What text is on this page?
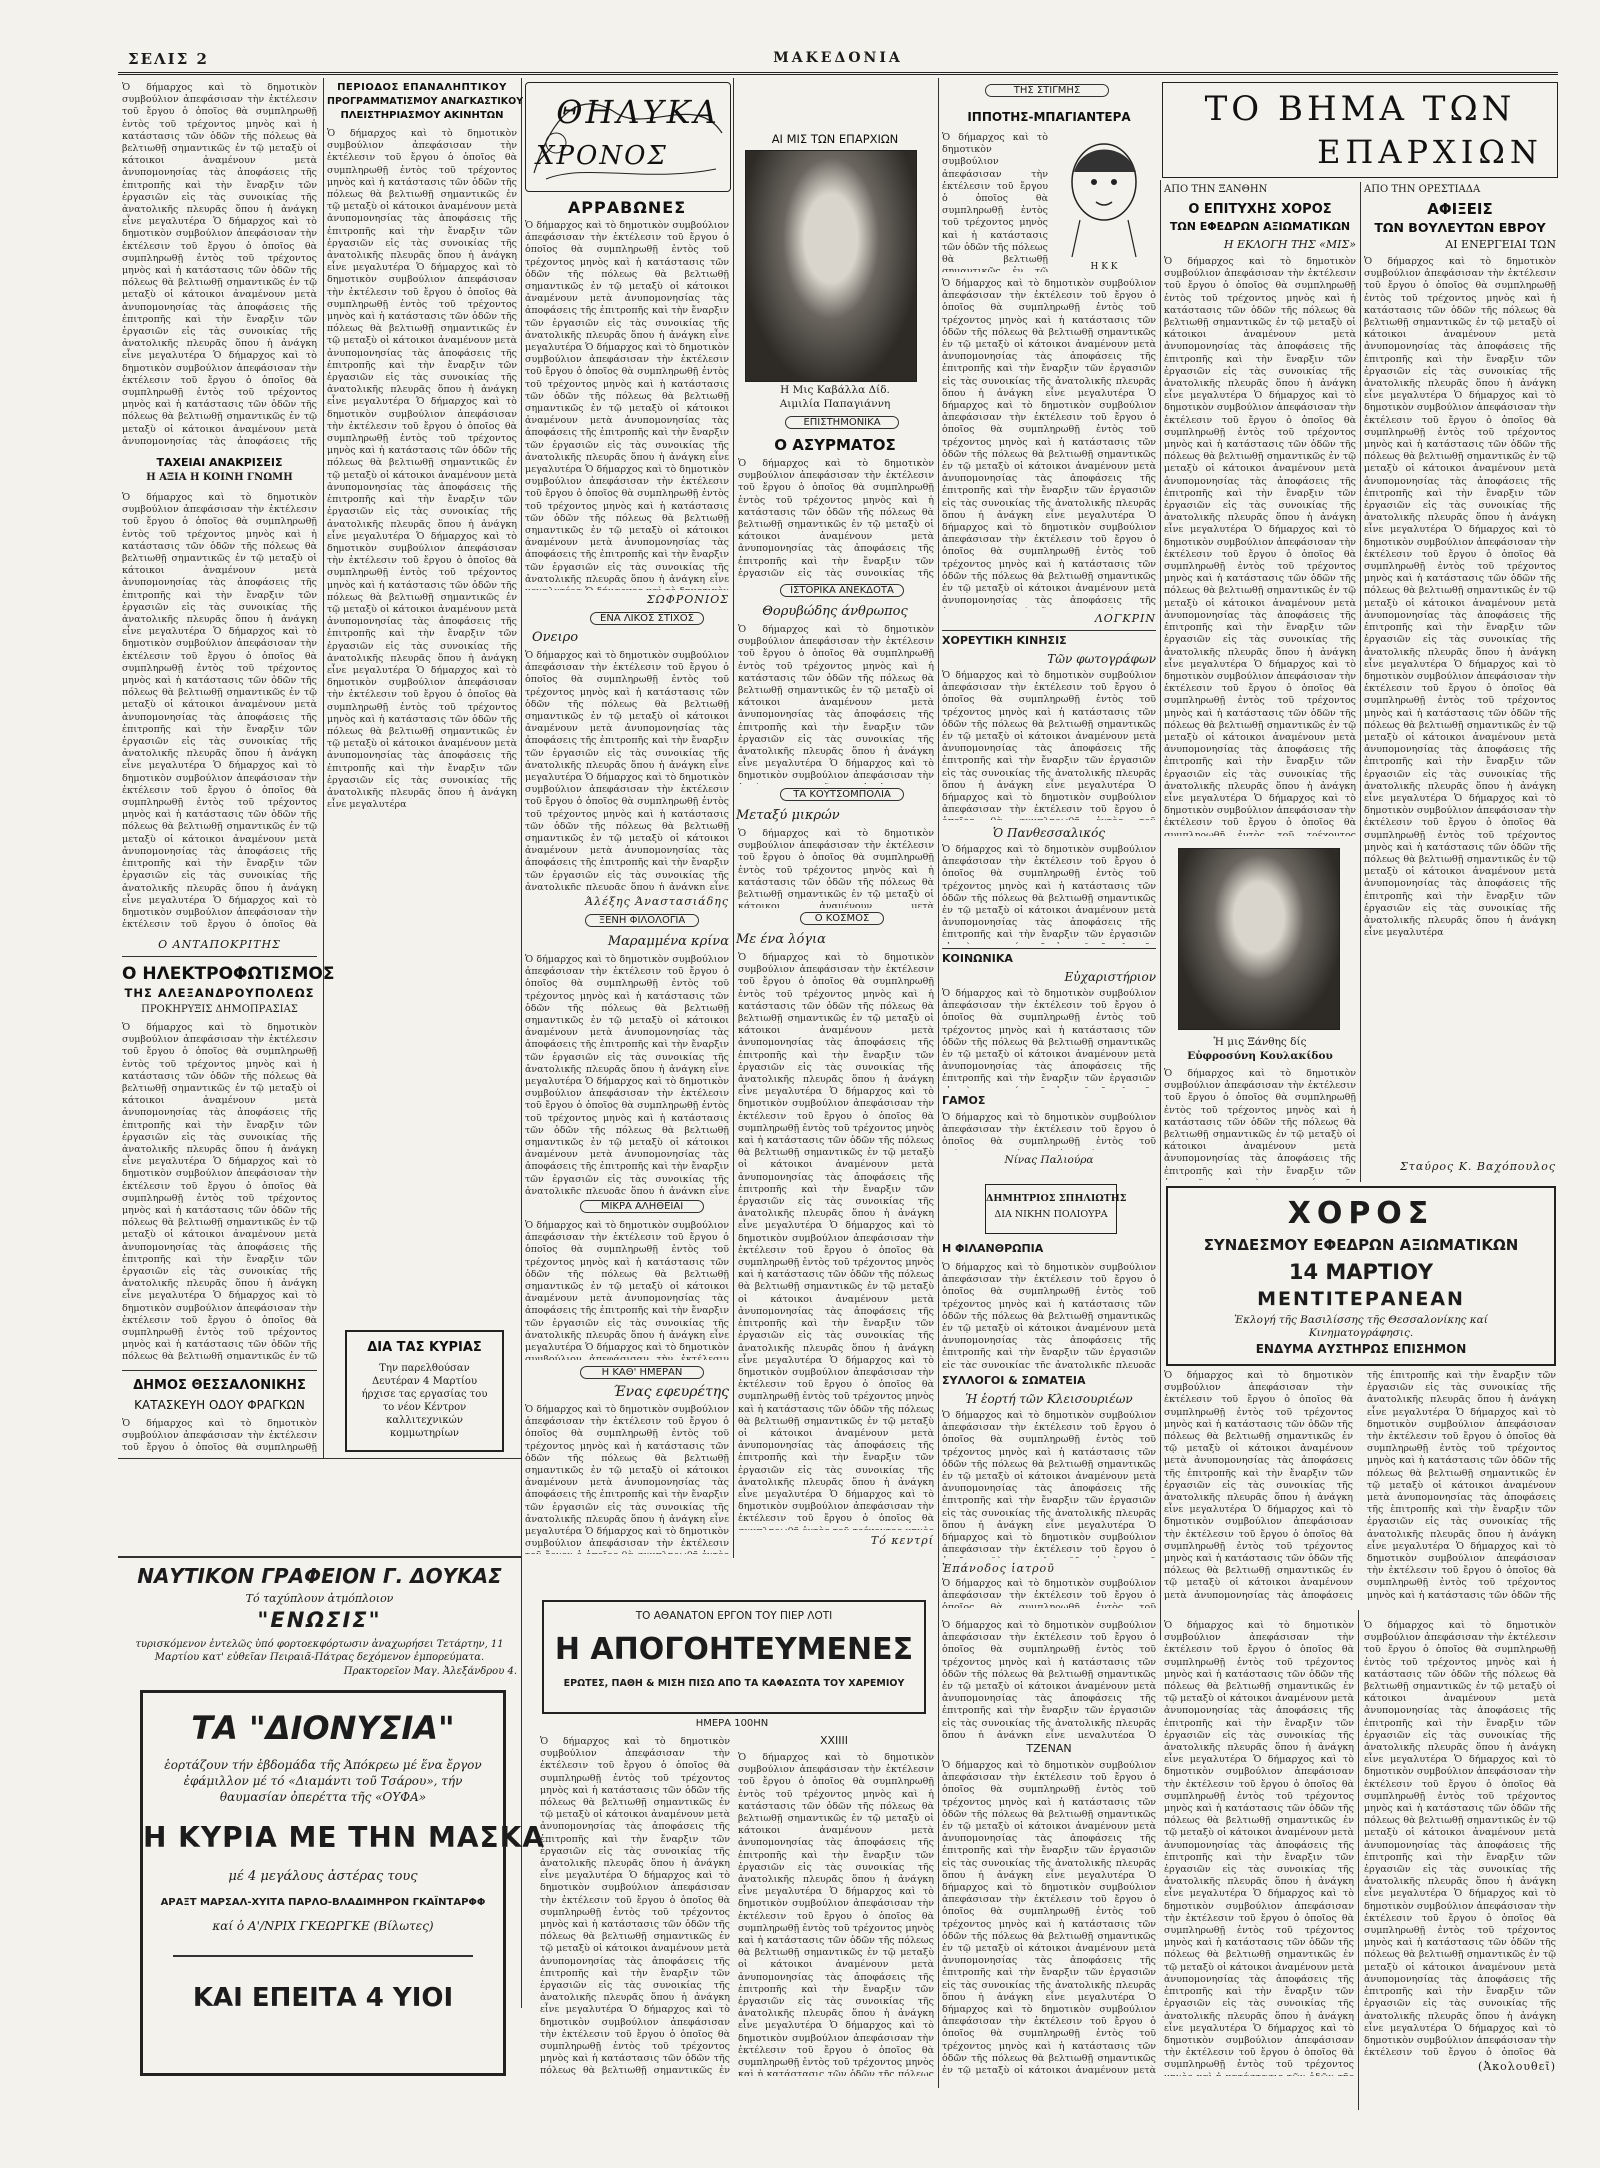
ΣΕΛΙΣ 2	ΜΑΚΕΔΟΝΙΑ
Ὁ δήμαρχος καὶ τὸ δημοτικὸν συμβούλιον ἀπεφάσισαν τὴν ἐκτέλεσιν τοῦ ἔργου ὁ ὁποῖος θὰ συμπληρωθῇ ἐντὸς τοῦ τρέχοντος μηνὸς καὶ ἡ κατάστασις τῶν ὁδῶν τῆς πόλεως θὰ βελτιωθῇ σημαντικῶς ἐν τῷ μεταξὺ οἱ κάτοικοι ἀναμένουν μετὰ ἀνυπομονησίας τὰς ἀποφάσεις τῆς ἐπιτροπῆς καὶ τὴν ἔναρξιν τῶν ἐργασιῶν εἰς τὰς συνοικίας τῆς ἀνατολικῆς πλευρᾶς ὅπου ἡ ἀνάγκη εἶνε μεγαλυτέρα Ὁ δήμαρχος καὶ τὸ δημοτικὸν συμβούλιον ἀπεφάσισαν τὴν ἐκτέλεσιν τοῦ ἔργου ὁ ὁποῖος θὰ συμπληρωθῇ ἐντὸς τοῦ τρέχοντος μηνὸς καὶ ἡ κατάστασις τῶν ὁδῶν τῆς πόλεως θὰ βελτιωθῇ σημαντικῶς ἐν τῷ μεταξὺ οἱ κάτοικοι ἀναμένουν μετὰ ἀνυπομονησίας τὰς ἀποφάσεις τῆς ἐπιτροπῆς καὶ τὴν ἔναρξιν τῶν ἐργασιῶν εἰς τὰς συνοικίας τῆς ἀνατολικῆς πλευρᾶς ὅπου ἡ ἀνάγκη εἶνε μεγαλυτέρα Ὁ δήμαρχος καὶ τὸ δημοτικὸν συμβούλιον ἀπεφάσισαν τὴν ἐκτέλεσιν τοῦ ἔργου ὁ ὁποῖος θὰ συμπληρωθῇ ἐντὸς τοῦ τρέχοντος μηνὸς καὶ ἡ κατάστασις τῶν ὁδῶν τῆς πόλεως θὰ βελτιωθῇ σημαντικῶς ἐν τῷ μεταξὺ οἱ κάτοικοι ἀναμένουν μετὰ ἀνυπομονησίας τὰς ἀποφάσεις τῆς ἐπιτροπῆς καὶ τὴν ἔναρξιν τῶν ἐργασιῶν εἰς τὰς συνοικίας τῆς ἀνατολικῆς πλευρᾶς ὅπου ἡ ἀνάγκη εἶνε μεγαλυτέρα Ὁ δήμαρχος καὶ τὸ δημοτικὸν συμβούλιον ἀπεφάσισαν τὴν ἐκτέλεσιν τοῦ ἔργου ὁ ὁποῖος θὰ συμπληρωθῇ ἐντὸς τοῦ τρέχοντος μηνὸς καὶ ἡ κατάστασις τῶν ὁδῶν τῆς πόλεως θὰ βελτιωθῇ σημαντικῶς ἐν τῷ μεταξὺ οἱ κάτοικοι ἀναμένουν μετὰ ἀνυπομονησίας τὰς ἀποφάσεις τῆς ἐπιτροπῆς καὶ τὴν ἔναρξιν τῶν ἐργασιῶν εἰς τὰς συνοικίας τῆς ἀνατολικῆς πλευρᾶς ὅπου ἡ ἀνάγκη εἶνε μεγαλυτέρα Ὁ δήμαρχος καὶ τὸ δημοτικὸν συμβούλιον ἀπεφάσισαν τὴν ἐκτέλεσιν τοῦ ἔργου ὁ ὁποῖος θὰ συμπληρωθῇ ἐντὸς τοῦ τρέχοντος μηνὸς καὶ ἡ κατάστασις τῶν ὁδῶν τῆς πόλεως θὰ βελτιωθῇ σημαντικῶς ἐν τῷ μεταξὺ οἱ κάτοικοι ἀναμένουν μετὰ ἀνυπομονησίας τὰς ἀποφάσεις τῆς ἐπιτροπῆς καὶ τὴν ἔναρξιν τῶν ἐργασιῶν εἰς τὰς συνοικίας τῆς ἀνατολικῆς πλευρᾶς ὅπου ἡ ἀνάγκη εἶνε μεγαλυτέρα
ΤΑΧΕΙΑΙ ΑΝΑΚΡΙΣΕΙΣ
Η ΑΞΙΑ Η ΚΟΙΝΗ ΓΝΩΜΗ
Ὁ δήμαρχος καὶ τὸ δημοτικὸν συμβούλιον ἀπεφάσισαν τὴν ἐκτέλεσιν τοῦ ἔργου ὁ ὁποῖος θὰ συμπληρωθῇ ἐντὸς τοῦ τρέχοντος μηνὸς καὶ ἡ κατάστασις τῶν ὁδῶν τῆς πόλεως θὰ βελτιωθῇ σημαντικῶς ἐν τῷ μεταξὺ οἱ κάτοικοι ἀναμένουν μετὰ ἀνυπομονησίας τὰς ἀποφάσεις τῆς ἐπιτροπῆς καὶ τὴν ἔναρξιν τῶν ἐργασιῶν εἰς τὰς συνοικίας τῆς ἀνατολικῆς πλευρᾶς ὅπου ἡ ἀνάγκη εἶνε μεγαλυτέρα Ὁ δήμαρχος καὶ τὸ δημοτικὸν συμβούλιον ἀπεφάσισαν τὴν ἐκτέλεσιν τοῦ ἔργου ὁ ὁποῖος θὰ συμπληρωθῇ ἐντὸς τοῦ τρέχοντος μηνὸς καὶ ἡ κατάστασις τῶν ὁδῶν τῆς πόλεως θὰ βελτιωθῇ σημαντικῶς ἐν τῷ μεταξὺ οἱ κάτοικοι ἀναμένουν μετὰ ἀνυπομονησίας τὰς ἀποφάσεις τῆς ἐπιτροπῆς καὶ τὴν ἔναρξιν τῶν ἐργασιῶν εἰς τὰς συνοικίας τῆς ἀνατολικῆς πλευρᾶς ὅπου ἡ ἀνάγκη εἶνε μεγαλυτέρα Ὁ δήμαρχος καὶ τὸ δημοτικὸν συμβούλιον ἀπεφάσισαν τὴν ἐκτέλεσιν τοῦ ἔργου ὁ ὁποῖος θὰ συμπληρωθῇ ἐντὸς τοῦ τρέχοντος μηνὸς καὶ ἡ κατάστασις τῶν ὁδῶν τῆς πόλεως θὰ βελτιωθῇ σημαντικῶς ἐν τῷ μεταξὺ οἱ κάτοικοι ἀναμένουν μετὰ ἀνυπομονησίας τὰς ἀποφάσεις τῆς ἐπιτροπῆς καὶ τὴν ἔναρξιν τῶν ἐργασιῶν εἰς τὰς συνοικίας τῆς ἀνατολικῆς πλευρᾶς ὅπου ἡ ἀνάγκη εἶνε μεγαλυτέρα Ὁ δήμαρχος καὶ τὸ δημοτικὸν συμβούλιον ἀπεφάσισαν τὴν ἐκτέλεσιν τοῦ ἔργου ὁ ὁποῖος θὰ συμπληρωθῇ ἐντὸς τοῦ τρέχοντος μηνὸς καὶ ἡ κατάστασις τῶν ὁδῶν τῆς πόλεως θὰ βελτιωθῇ σημαντικῶς ἐν τῷ μεταξὺ οἱ κάτοικοι ἀναμένουν μετὰ ἀνυπομονησίας τὰς ἀποφάσεις τῆς ἐπιτροπῆς καὶ τὴν ἔναρξιν τῶν ἐργασιῶν εἰς τὰς συνοικίας τῆς ἀνατολικῆς πλευρᾶς ὅπου ἡ ἀνάγκη εἶνε μεγαλυτέρα Ὁ δήμαρχος καὶ τὸ δημοτικὸν συμβούλιον ἀπεφάσισαν τὴν ἐκτέλεσιν τοῦ ἔργου ὁ ὁποῖος θὰ συμπληρωθῇ ἐντὸς τοῦ τρέχοντος μηνὸς καὶ ἡ κατάστασις τῶν ὁδῶν τῆς πόλεως θὰ βελτιωθῇ σημαντικῶς ἐν τῷ μεταξὺ οἱ κάτοικοι ἀναμένουν μετὰ ἀνυπομονησίας τὰς ἀποφάσεις τῆς ἐπιτροπῆς καὶ τὴν ἔναρξιν τῶν ἐργασιῶν εἰς τὰς συνοικίας τῆς ἀνατολικῆς πλευρᾶς ὅπου ἡ ἀνάγκη εἶνε μεγαλυτέρα
Ο ΑΝΤΑΠΟΚΡΙΤΗΣ
Ο ΗΛΕΚΤΡΟΦΩΤΙΣΜΟΣ
ΤΗΣ ΑΛΕΞΑΝΔΡΟΥΠΟΛΕΩΣ
ΠΡΟΚΗΡΥΞΙΣ ΔΗΜΟΠΡΑΣΙΑΣ
Ὁ δήμαρχος καὶ τὸ δημοτικὸν συμβούλιον ἀπεφάσισαν τὴν ἐκτέλεσιν τοῦ ἔργου ὁ ὁποῖος θὰ συμπληρωθῇ ἐντὸς τοῦ τρέχοντος μηνὸς καὶ ἡ κατάστασις τῶν ὁδῶν τῆς πόλεως θὰ βελτιωθῇ σημαντικῶς ἐν τῷ μεταξὺ οἱ κάτοικοι ἀναμένουν μετὰ ἀνυπομονησίας τὰς ἀποφάσεις τῆς ἐπιτροπῆς καὶ τὴν ἔναρξιν τῶν ἐργασιῶν εἰς τὰς συνοικίας τῆς ἀνατολικῆς πλευρᾶς ὅπου ἡ ἀνάγκη εἶνε μεγαλυτέρα Ὁ δήμαρχος καὶ τὸ δημοτικὸν συμβούλιον ἀπεφάσισαν τὴν ἐκτέλεσιν τοῦ ἔργου ὁ ὁποῖος θὰ συμπληρωθῇ ἐντὸς τοῦ τρέχοντος μηνὸς καὶ ἡ κατάστασις τῶν ὁδῶν τῆς πόλεως θὰ βελτιωθῇ σημαντικῶς ἐν τῷ μεταξὺ οἱ κάτοικοι ἀναμένουν μετὰ ἀνυπομονησίας τὰς ἀποφάσεις τῆς ἐπιτροπῆς καὶ τὴν ἔναρξιν τῶν ἐργασιῶν εἰς τὰς συνοικίας τῆς ἀνατολικῆς πλευρᾶς ὅπου ἡ ἀνάγκη εἶνε μεγαλυτέρα Ὁ δήμαρχος καὶ τὸ δημοτικὸν συμβούλιον ἀπεφάσισαν τὴν ἐκτέλεσιν τοῦ ἔργου ὁ ὁποῖος θὰ συμπληρωθῇ ἐντὸς τοῦ τρέχοντος μηνὸς καὶ ἡ κατάστασις τῶν ὁδῶν τῆς πόλεως θὰ βελτιωθῇ σημαντικῶς ἐν τῷ μεταξὺ οἱ κάτοικοι ἀναμένουν μετὰ ἀνυπομονησίας τὰς ἀποφάσεις τῆς ἐπιτροπῆς καὶ τὴν ἔναρξιν τῶν ἐργασιῶν εἰς τὰς συνοικίας τῆς ἀνατολικῆς πλευρᾶς ὅπου ἡ ἀνάγκη εἶνε μεγαλυτέρα Ὁ δήμαρχος καὶ τὸ δημοτικὸν συμβούλιον ἀπεφάσισαν τὴν ἐκτέλεσιν τοῦ ἔργου ὁ ὁποῖος θὰ συμπληρωθῇ ἐντὸς τοῦ τρέχοντος μηνὸς καὶ ἡ κατάστασις τῶν ὁδῶν τῆς πόλεως θὰ βελτιωθῇ σημαντικῶς ἐν τῷ μεταξὺ οἱ κάτοικοι ἀναμένουν μετὰ ἀνυπομονησίας τὰς ἀποφάσεις τῆς ἐπιτροπῆς καὶ τὴν ἔναρξιν τῶν ἐργασιῶν εἰς τὰς συνοικίας τῆς ἀνατολικῆς πλευρᾶς ὅπου ἡ ἀνάγκη εἶνε μεγαλυτέρα Ὁ δήμαρχος καὶ τὸ δημοτικὸν συμβούλιον ἀπεφάσισαν τὴν ἐκτέλεσιν τοῦ ἔργου ὁ ὁποῖος θὰ συμπληρωθῇ ἐντὸς τοῦ τρέχοντος μηνὸς καὶ ἡ κατάστασις τῶν ὁδῶν τῆς πόλεως θὰ βελτιωθῇ σημαντικῶς ἐν τῷ μεταξὺ οἱ κάτοικοι ἀναμένουν μετὰ ἀνυπομονησίας τὰς ἀποφάσεις τῆς ἐπιτροπῆς καὶ τὴν ἔναρξιν τῶν ἐργασιῶν εἰς τὰς συνοικίας τῆς ἀνατολικῆς πλευρᾶς ὅπου ἡ ἀνάγκη εἶνε μεγαλυτέρα
ΔΗΜΟΣ ΘΕΣΣΑΛΟΝΙΚΗΣ
ΚΑΤΑΣΚΕΥΗ ΟΔΟΥ ΦΡΑΓΚΩΝ
Ὁ δήμαρχος καὶ τὸ δημοτικὸν συμβούλιον ἀπεφάσισαν τὴν ἐκτέλεσιν τοῦ ἔργου ὁ ὁποῖος θὰ συμπληρωθῇ ἐντὸς τοῦ τρέχοντος μηνὸς καὶ ἡ κατάστασις τῶν ὁδῶν τῆς πόλεως θὰ βελτιωθῇ σημαντικῶς ἐν τῷ μεταξὺ οἱ κάτοικοι ἀναμένουν μετὰ ἀνυπομονησίας τὰς ἀποφάσεις τῆς ἐπιτροπῆς καὶ τὴν ἔναρξιν τῶν ἐργασιῶν εἰς τὰς συνοικίας τῆς ἀνατολικῆς πλευρᾶς ὅπου ἡ ἀνάγκη εἶνε μεγαλυτέρα Ὁ δήμαρχος καὶ τὸ δημοτικὸν συμβούλιον ἀπεφάσισαν τὴν ἐκτέλεσιν τοῦ ἔργου ὁ ὁποῖος θὰ συμπληρωθῇ ἐντὸς τοῦ τρέχοντος μηνὸς καὶ ἡ κατάστασις τῶν ὁδῶν τῆς πόλεως θὰ βελτιωθῇ σημαντικῶς ἐν τῷ μεταξὺ οἱ κάτοικοι ἀναμένουν μετὰ ἀνυπομονησίας τὰς ἀποφάσεις τῆς ἐπιτροπῆς καὶ τὴν ἔναρξιν τῶν ἐργασιῶν εἰς τὰς συνοικίας τῆς ἀνατολικῆς πλευρᾶς ὅπου ἡ ἀνάγκη εἶνε μεγαλυτέρα Ὁ δήμαρχος καὶ τὸ δημοτικὸν συμβούλιον ἀπεφάσισαν τὴν ἐκτέλεσιν τοῦ ἔργου ὁ ὁποῖος θὰ συμπληρωθῇ ἐντὸς τοῦ τρέχοντος μηνὸς καὶ ἡ κατάστασις τῶν ὁδῶν τῆς πόλεως θὰ βελτιωθῇ σημαντικῶς ἐν τῷ μεταξὺ οἱ κάτοικοι ἀναμένουν μετὰ ἀνυπομονησίας τὰς ἀποφάσεις τῆς ἐπιτροπῆς καὶ τὴν ἔναρξιν τῶν ἐργασιῶν εἰς τὰς συνοικίας τῆς ἀνατολικῆς πλευρᾶς ὅπου ἡ ἀνάγκη εἶνε μεγαλυτέρα Ὁ δήμαρχος καὶ τὸ δημοτικὸν συμβούλιον ἀπεφάσισαν τὴν ἐκτέλεσιν τοῦ ἔργου ὁ ὁποῖος θὰ συμπληρωθῇ ἐντὸς τοῦ τρέχοντος μηνὸς καὶ ἡ κατάστασις τῶν ὁδῶν τῆς πόλεως θὰ βελτιωθῇ σημαντικῶς ἐν τῷ μεταξὺ οἱ κάτοικοι ἀναμένουν μετὰ ἀνυπομονησίας τὰς ἀποφάσεις τῆς ἐπιτροπῆς καὶ τὴν ἔναρξιν τῶν ἐργασιῶν εἰς τὰς συνοικίας τῆς ἀνατολικῆς πλευρᾶς ὅπου ἡ ἀνάγκη εἶνε μεγαλυτέρα Ὁ δήμαρχος καὶ τὸ δημοτικὸν συμβούλιον ἀπεφάσισαν τὴν ἐκτέλεσιν τοῦ ἔργου ὁ ὁποῖος θὰ συμπληρωθῇ ἐντὸς τοῦ τρέχοντος μηνὸς καὶ ἡ κατάστασις τῶν ὁδῶν τῆς πόλεως θὰ βελτιωθῇ σημαντικῶς ἐν τῷ μεταξὺ οἱ κάτοικοι ἀναμένουν μετὰ ἀνυπομονησίας τὰς ἀποφάσεις τῆς ἐπιτροπῆς καὶ τὴν ἔναρξιν τῶν ἐργασιῶν εἰς τὰς συνοικίας τῆς ἀνατολικῆς πλευρᾶς ὅπου ἡ ἀνάγκη εἶνε μεγαλυτέρα
ΠΕΡΙΟΔΟΣ ΕΠΑΝΑΛΗΠΤΙΚΟΥ
ΠΡΟΓΡΑΜΜΑΤΙΣΜΟΥ ΑΝΑΓΚΑΣΤΙΚΟΥ
ΠΛΕΙΣΤΗΡΙΑΣΜΟΥ ΑΚΙΝΗΤΩΝ
Ὁ δήμαρχος καὶ τὸ δημοτικὸν συμβούλιον ἀπεφάσισαν τὴν ἐκτέλεσιν τοῦ ἔργου ὁ ὁποῖος θὰ συμπληρωθῇ ἐντὸς τοῦ τρέχοντος μηνὸς καὶ ἡ κατάστασις τῶν ὁδῶν τῆς πόλεως θὰ βελτιωθῇ σημαντικῶς ἐν τῷ μεταξὺ οἱ κάτοικοι ἀναμένουν μετὰ ἀνυπομονησίας τὰς ἀποφάσεις τῆς ἐπιτροπῆς καὶ τὴν ἔναρξιν τῶν ἐργασιῶν εἰς τὰς συνοικίας τῆς ἀνατολικῆς πλευρᾶς ὅπου ἡ ἀνάγκη εἶνε μεγαλυτέρα Ὁ δήμαρχος καὶ τὸ δημοτικὸν συμβούλιον ἀπεφάσισαν τὴν ἐκτέλεσιν τοῦ ἔργου ὁ ὁποῖος θὰ συμπληρωθῇ ἐντὸς τοῦ τρέχοντος μηνὸς καὶ ἡ κατάστασις τῶν ὁδῶν τῆς πόλεως θὰ βελτιωθῇ σημαντικῶς ἐν τῷ μεταξὺ οἱ κάτοικοι ἀναμένουν μετὰ ἀνυπομονησίας τὰς ἀποφάσεις τῆς ἐπιτροπῆς καὶ τὴν ἔναρξιν τῶν ἐργασιῶν εἰς τὰς συνοικίας τῆς ἀνατολικῆς πλευρᾶς ὅπου ἡ ἀνάγκη εἶνε μεγαλυτέρα Ὁ δήμαρχος καὶ τὸ δημοτικὸν συμβούλιον ἀπεφάσισαν τὴν ἐκτέλεσιν τοῦ ἔργου ὁ ὁποῖος θὰ συμπληρωθῇ ἐντὸς τοῦ τρέχοντος μηνὸς καὶ ἡ κατάστασις τῶν ὁδῶν τῆς πόλεως θὰ βελτιωθῇ σημαντικῶς ἐν τῷ μεταξὺ οἱ κάτοικοι ἀναμένουν μετὰ ἀνυπομονησίας τὰς ἀποφάσεις τῆς ἐπιτροπῆς καὶ τὴν ἔναρξιν τῶν ἐργασιῶν εἰς τὰς συνοικίας τῆς ἀνατολικῆς πλευρᾶς ὅπου ἡ ἀνάγκη εἶνε μεγαλυτέρα Ὁ δήμαρχος καὶ τὸ δημοτικὸν συμβούλιον ἀπεφάσισαν τὴν ἐκτέλεσιν τοῦ ἔργου ὁ ὁποῖος θὰ συμπληρωθῇ ἐντὸς τοῦ τρέχοντος μηνὸς καὶ ἡ κατάστασις τῶν ὁδῶν τῆς πόλεως θὰ βελτιωθῇ σημαντικῶς ἐν τῷ μεταξὺ οἱ κάτοικοι ἀναμένουν μετὰ ἀνυπομονησίας τὰς ἀποφάσεις τῆς ἐπιτροπῆς καὶ τὴν ἔναρξιν τῶν ἐργασιῶν εἰς τὰς συνοικίας τῆς ἀνατολικῆς πλευρᾶς ὅπου ἡ ἀνάγκη εἶνε μεγαλυτέρα Ὁ δήμαρχος καὶ τὸ δημοτικὸν συμβούλιον ἀπεφάσισαν τὴν ἐκτέλεσιν τοῦ ἔργου ὁ ὁποῖος θὰ συμπληρωθῇ ἐντὸς τοῦ τρέχοντος μηνὸς καὶ ἡ κατάστασις τῶν ὁδῶν τῆς πόλεως θὰ βελτιωθῇ σημαντικῶς ἐν τῷ μεταξὺ οἱ κάτοικοι ἀναμένουν μετὰ ἀνυπομονησίας τὰς ἀποφάσεις τῆς ἐπιτροπῆς καὶ τὴν ἔναρξιν τῶν ἐργασιῶν εἰς τὰς συνοικίας τῆς ἀνατολικῆς πλευρᾶς ὅπου ἡ ἀνάγκη εἶνε μεγαλυτέρα
ΔΙΑ ΤΑΣ ΚΥΡΙΑΣ
Την παρελθούσαν Δευτέραν 4 Μαρτίου ήρχισε τας εργασίας του το νέον Κέντρον καλλιτεχνικών κομμωτηρίων
ΘΗΛΥΚΑ
ΧΡΟΝΟΣ
ΑΙ ΜΙΣ ΤΩΝ ΕΠΑΡΧΙΩΝ
ΑΡΡΑΒΩΝΕΣ
Ὁ δήμαρχος καὶ τὸ δημοτικὸν συμβούλιον ἀπεφάσισαν τὴν ἐκτέλεσιν τοῦ ἔργου ὁ ὁποῖος θὰ συμπληρωθῇ ἐντὸς τοῦ τρέχοντος μηνὸς καὶ ἡ κατάστασις τῶν ὁδῶν τῆς πόλεως θὰ βελτιωθῇ σημαντικῶς ἐν τῷ μεταξὺ οἱ κάτοικοι ἀναμένουν μετὰ ἀνυπομονησίας τὰς ἀποφάσεις τῆς ἐπιτροπῆς καὶ τὴν ἔναρξιν τῶν ἐργασιῶν εἰς τὰς συνοικίας τῆς ἀνατολικῆς πλευρᾶς ὅπου ἡ ἀνάγκη εἶνε μεγαλυτέρα Ὁ δήμαρχος καὶ τὸ δημοτικὸν συμβούλιον ἀπεφάσισαν τὴν ἐκτέλεσιν τοῦ ἔργου ὁ ὁποῖος θὰ συμπληρωθῇ ἐντὸς τοῦ τρέχοντος μηνὸς καὶ ἡ κατάστασις τῶν ὁδῶν τῆς πόλεως θὰ βελτιωθῇ σημαντικῶς ἐν τῷ μεταξὺ οἱ κάτοικοι ἀναμένουν μετὰ ἀνυπομονησίας τὰς ἀποφάσεις τῆς ἐπιτροπῆς καὶ τὴν ἔναρξιν τῶν ἐργασιῶν εἰς τὰς συνοικίας τῆς ἀνατολικῆς πλευρᾶς ὅπου ἡ ἀνάγκη εἶνε μεγαλυτέρα Ὁ δήμαρχος καὶ τὸ δημοτικὸν συμβούλιον ἀπεφάσισαν τὴν ἐκτέλεσιν τοῦ ἔργου ὁ ὁποῖος θὰ συμπληρωθῇ ἐντὸς τοῦ τρέχοντος μηνὸς καὶ ἡ κατάστασις τῶν ὁδῶν τῆς πόλεως θὰ βελτιωθῇ σημαντικῶς ἐν τῷ μεταξὺ οἱ κάτοικοι ἀναμένουν μετὰ ἀνυπομονησίας τὰς ἀποφάσεις τῆς ἐπιτροπῆς καὶ τὴν ἔναρξιν τῶν ἐργασιῶν εἰς τὰς συνοικίας τῆς ἀνατολικῆς πλευρᾶς ὅπου ἡ ἀνάγκη εἶνε μεγαλυτέρα Ὁ δήμαρχος καὶ τὸ δημοτικὸν συμβούλιον ἀπεφάσισαν τὴν ἐκτέλεσιν τοῦ ἔργου ὁ ὁποῖος θὰ συμπληρωθῇ ἐντὸς τοῦ τρέχοντος μηνὸς καὶ ἡ κατάστασις τῶν ὁδῶν τῆς πόλεως θὰ βελτιωθῇ σημαντικῶς ἐν τῷ μεταξὺ οἱ κάτοικοι ἀναμένουν μετὰ ἀνυπομονησίας τὰς ἀποφάσεις τῆς ἐπιτροπῆς καὶ τὴν ἔναρξιν τῶν ἐργασιῶν εἰς τὰς συνοικίας τῆς ἀνατολικῆς πλευρᾶς ὅπου ἡ ἀνάγκη εἶνε μεγαλυτέρα Ὁ δήμαρχος καὶ τὸ δημοτικὸν συμβούλιον ἀπεφάσισαν τὴν ἐκτέλεσιν τοῦ ἔργου ὁ ὁποῖος θὰ συμπληρωθῇ ἐντὸς τοῦ τρέχοντος μηνὸς καὶ ἡ κατάστασις τῶν ὁδῶν τῆς πόλεως θὰ βελτιωθῇ σημαντικῶς ἐν τῷ μεταξὺ οἱ κάτοικοι ἀναμένουν μετὰ ἀνυπομονησίας τὰς ἀποφάσεις τῆς ἐπιτροπῆς καὶ τὴν ἔναρξιν τῶν ἐργασιῶν εἰς τὰς συνοικίας τῆς ἀνατολικῆς πλευρᾶς ὅπου ἡ ἀνάγκη εἶνε μεγαλυτέρα
ΣΩΦΡΟΝΙΟΣ
ΕΝΑ ΛΙΚΟΣ ΣΤΙΧΟΣ
Ονειρο
Ὁ δήμαρχος καὶ τὸ δημοτικὸν συμβούλιον ἀπεφάσισαν τὴν ἐκτέλεσιν τοῦ ἔργου ὁ ὁποῖος θὰ συμπληρωθῇ ἐντὸς τοῦ τρέχοντος μηνὸς καὶ ἡ κατάστασις τῶν ὁδῶν τῆς πόλεως θὰ βελτιωθῇ σημαντικῶς ἐν τῷ μεταξὺ οἱ κάτοικοι ἀναμένουν μετὰ ἀνυπομονησίας τὰς ἀποφάσεις τῆς ἐπιτροπῆς καὶ τὴν ἔναρξιν τῶν ἐργασιῶν εἰς τὰς συνοικίας τῆς ἀνατολικῆς πλευρᾶς ὅπου ἡ ἀνάγκη εἶνε μεγαλυτέρα Ὁ δήμαρχος καὶ τὸ δημοτικὸν συμβούλιον ἀπεφάσισαν τὴν ἐκτέλεσιν τοῦ ἔργου ὁ ὁποῖος θὰ συμπληρωθῇ ἐντὸς τοῦ τρέχοντος μηνὸς καὶ ἡ κατάστασις τῶν ὁδῶν τῆς πόλεως θὰ βελτιωθῇ σημαντικῶς ἐν τῷ μεταξὺ οἱ κάτοικοι ἀναμένουν μετὰ ἀνυπομονησίας τὰς ἀποφάσεις τῆς ἐπιτροπῆς καὶ τὴν ἔναρξιν τῶν ἐργασιῶν εἰς τὰς συνοικίας τῆς ἀνατολικῆς πλευρᾶς ὅπου ἡ ἀνάγκη εἶνε μεγαλυτέρα Ὁ δήμαρχος καὶ τὸ δημοτικὸν συμβούλιον ἀπεφάσισαν τὴν ἐκτέλεσιν τοῦ ἔργου ὁ ὁποῖος θὰ συμπληρωθῇ ἐντὸς τοῦ τρέχοντος μηνὸς καὶ ἡ κατάστασις τῶν ὁδῶν τῆς πόλεως θὰ βελτιωθῇ σημαντικῶς ἐν τῷ μεταξὺ οἱ κάτοικοι ἀναμένουν μετὰ ἀνυπομονησίας τὰς ἀποφάσεις τῆς ἐπιτροπῆς καὶ τὴν ἔναρξιν τῶν ἐργασιῶν εἰς τὰς συνοικίας τῆς ἀνατολικῆς πλευρᾶς ὅπου ἡ ἀνάγκη εἶνε μεγαλυτέρα Ὁ δήμαρχος καὶ τὸ δημοτικὸν συμβούλιον ἀπεφάσισαν τὴν ἐκτέλεσιν τοῦ ἔργου ὁ ὁποῖος θὰ συμπληρωθῇ ἐντὸς τοῦ τρέχοντος μηνὸς καὶ ἡ κατάστασις τῶν ὁδῶν τῆς πόλεως θὰ βελτιωθῇ σημαντικῶς ἐν τῷ μεταξὺ οἱ κάτοικοι ἀναμένουν μετὰ ἀνυπομονησίας τὰς ἀποφάσεις τῆς ἐπιτροπῆς καὶ τὴν ἔναρξιν τῶν ἐργασιῶν εἰς τὰς συνοικίας τῆς ἀνατολικῆς πλευρᾶς ὅπου ἡ ἀνάγκη εἶνε μεγαλυτέρα Ὁ δήμαρχος καὶ τὸ δημοτικὸν συμβούλιον ἀπεφάσισαν τὴν ἐκτέλεσιν τοῦ ἔργου ὁ ὁποῖος θὰ συμπληρωθῇ ἐντὸς τοῦ τρέχοντος μηνὸς καὶ ἡ κατάστασις τῶν ὁδῶν τῆς πόλεως θὰ βελτιωθῇ σημαντικῶς ἐν τῷ μεταξὺ οἱ κάτοικοι ἀναμένουν μετὰ ἀνυπομονησίας τὰς ἀποφάσεις τῆς ἐπιτροπῆς καὶ τὴν ἔναρξιν τῶν ἐργασιῶν εἰς τὰς συνοικίας τῆς ἀνατολικῆς πλευρᾶς ὅπου ἡ ἀνάγκη εἶνε μεγαλυτέρα
Άλέξης Άναστασιάδης
ΞΕΝΗ ΦΙΛΟΛΟΓΙΑ
Μαραμμένα κρίνα
Ὁ δήμαρχος καὶ τὸ δημοτικὸν συμβούλιον ἀπεφάσισαν τὴν ἐκτέλεσιν τοῦ ἔργου ὁ ὁποῖος θὰ συμπληρωθῇ ἐντὸς τοῦ τρέχοντος μηνὸς καὶ ἡ κατάστασις τῶν ὁδῶν τῆς πόλεως θὰ βελτιωθῇ σημαντικῶς ἐν τῷ μεταξὺ οἱ κάτοικοι ἀναμένουν μετὰ ἀνυπομονησίας τὰς ἀποφάσεις τῆς ἐπιτροπῆς καὶ τὴν ἔναρξιν τῶν ἐργασιῶν εἰς τὰς συνοικίας τῆς ἀνατολικῆς πλευρᾶς ὅπου ἡ ἀνάγκη εἶνε μεγαλυτέρα Ὁ δήμαρχος καὶ τὸ δημοτικὸν συμβούλιον ἀπεφάσισαν τὴν ἐκτέλεσιν τοῦ ἔργου ὁ ὁποῖος θὰ συμπληρωθῇ ἐντὸς τοῦ τρέχοντος μηνὸς καὶ ἡ κατάστασις τῶν ὁδῶν τῆς πόλεως θὰ βελτιωθῇ σημαντικῶς ἐν τῷ μεταξὺ οἱ κάτοικοι ἀναμένουν μετὰ ἀνυπομονησίας τὰς ἀποφάσεις τῆς ἐπιτροπῆς καὶ τὴν ἔναρξιν τῶν ἐργασιῶν εἰς τὰς συνοικίας τῆς ἀνατολικῆς πλευρᾶς ὅπου ἡ ἀνάγκη εἶνε μεγαλυτέρα Ὁ δήμαρχος καὶ τὸ δημοτικὸν συμβούλιον ἀπεφάσισαν τὴν ἐκτέλεσιν τοῦ ἔργου ὁ ὁποῖος θὰ συμπληρωθῇ ἐντὸς τοῦ τρέχοντος μηνὸς καὶ ἡ κατάστασις τῶν ὁδῶν τῆς πόλεως θὰ βελτιωθῇ σημαντικῶς ἐν τῷ μεταξὺ οἱ κάτοικοι ἀναμένουν μετὰ ἀνυπομονησίας τὰς ἀποφάσεις τῆς ἐπιτροπῆς καὶ τὴν ἔναρξιν τῶν ἐργασιῶν εἰς τὰς συνοικίας τῆς ἀνατολικῆς πλευρᾶς ὅπου ἡ ἀνάγκη εἶνε μεγαλυτέρα Ὁ δήμαρχος καὶ τὸ δημοτικὸν συμβούλιον ἀπεφάσισαν τὴν ἐκτέλεσιν τοῦ ἔργου ὁ ὁποῖος θὰ συμπληρωθῇ ἐντὸς τοῦ τρέχοντος μηνὸς καὶ ἡ κατάστασις τῶν ὁδῶν τῆς πόλεως θὰ βελτιωθῇ σημαντικῶς ἐν τῷ μεταξὺ οἱ κάτοικοι ἀναμένουν μετὰ ἀνυπομονησίας τὰς ἀποφάσεις τῆς ἐπιτροπῆς καὶ τὴν ἔναρξιν τῶν ἐργασιῶν εἰς τὰς συνοικίας τῆς ἀνατολικῆς πλευρᾶς ὅπου ἡ ἀνάγκη εἶνε μεγαλυτέρα Ὁ δήμαρχος καὶ τὸ δημοτικὸν συμβούλιον ἀπεφάσισαν τὴν ἐκτέλεσιν τοῦ ἔργου ὁ ὁποῖος θὰ συμπληρωθῇ ἐντὸς τοῦ τρέχοντος μηνὸς καὶ ἡ κατάστασις τῶν ὁδῶν τῆς πόλεως θὰ βελτιωθῇ σημαντικῶς ἐν τῷ μεταξὺ οἱ κάτοικοι ἀναμένουν μετὰ ἀνυπομονησίας τὰς ἀποφάσεις τῆς ἐπιτροπῆς καὶ τὴν ἔναρξιν τῶν ἐργασιῶν εἰς τὰς συνοικίας τῆς ἀνατολικῆς πλευρᾶς ὅπου ἡ ἀνάγκη εἶνε μεγαλυτέρα
ΜΙΚΡΑ ΑΛΗΘΕΙΑΙ
Ὁ δήμαρχος καὶ τὸ δημοτικὸν συμβούλιον ἀπεφάσισαν τὴν ἐκτέλεσιν τοῦ ἔργου ὁ ὁποῖος θὰ συμπληρωθῇ ἐντὸς τοῦ τρέχοντος μηνὸς καὶ ἡ κατάστασις τῶν ὁδῶν τῆς πόλεως θὰ βελτιωθῇ σημαντικῶς ἐν τῷ μεταξὺ οἱ κάτοικοι ἀναμένουν μετὰ ἀνυπομονησίας τὰς ἀποφάσεις τῆς ἐπιτροπῆς καὶ τὴν ἔναρξιν τῶν ἐργασιῶν εἰς τὰς συνοικίας τῆς ἀνατολικῆς πλευρᾶς ὅπου ἡ ἀνάγκη εἶνε μεγαλυτέρα Ὁ δήμαρχος καὶ τὸ δημοτικὸν συμβούλιον ἀπεφάσισαν τὴν ἐκτέλεσιν τοῦ ἔργου ὁ ὁποῖος θὰ συμπληρωθῇ ἐντὸς τοῦ τρέχοντος μηνὸς καὶ ἡ κατάστασις τῶν ὁδῶν τῆς πόλεως θὰ βελτιωθῇ σημαντικῶς ἐν τῷ μεταξὺ οἱ κάτοικοι ἀναμένουν μετὰ ἀνυπομονησίας τὰς ἀποφάσεις τῆς ἐπιτροπῆς καὶ τὴν ἔναρξιν τῶν ἐργασιῶν εἰς τὰς συνοικίας τῆς ἀνατολικῆς πλευρᾶς ὅπου ἡ ἀνάγκη εἶνε μεγαλυτέρα Ὁ δήμαρχος καὶ τὸ δημοτικὸν συμβούλιον ἀπεφάσισαν τὴν ἐκτέλεσιν τοῦ ἔργου ὁ ὁποῖος θὰ συμπληρωθῇ ἐντὸς τοῦ τρέχοντος μηνὸς καὶ ἡ κατάστασις τῶν ὁδῶν τῆς πόλεως θὰ βελτιωθῇ σημαντικῶς ἐν τῷ μεταξὺ οἱ κάτοικοι ἀναμένουν μετὰ ἀνυπομονησίας τὰς ἀποφάσεις τῆς ἐπιτροπῆς καὶ τὴν ἔναρξιν τῶν ἐργασιῶν εἰς τὰς συνοικίας τῆς ἀνατολικῆς πλευρᾶς ὅπου ἡ ἀνάγκη εἶνε μεγαλυτέρα Ὁ δήμαρχος καὶ τὸ δημοτικὸν συμβούλιον ἀπεφάσισαν τὴν ἐκτέλεσιν τοῦ ἔργου ὁ ὁποῖος θὰ συμπληρωθῇ ἐντὸς τοῦ τρέχοντος μηνὸς καὶ ἡ κατάστασις τῶν ὁδῶν τῆς πόλεως θὰ βελτιωθῇ σημαντικῶς ἐν τῷ μεταξὺ οἱ κάτοικοι ἀναμένουν μετὰ ἀνυπομονησίας τὰς ἀποφάσεις τῆς ἐπιτροπῆς καὶ τὴν ἔναρξιν τῶν ἐργασιῶν εἰς τὰς συνοικίας τῆς ἀνατολικῆς πλευρᾶς ὅπου ἡ ἀνάγκη εἶνε μεγαλυτέρα Ὁ δήμαρχος καὶ τὸ δημοτικὸν συμβούλιον ἀπεφάσισαν τὴν ἐκτέλεσιν τοῦ ἔργου ὁ ὁποῖος θὰ συμπληρωθῇ ἐντὸς τοῦ τρέχοντος μηνὸς καὶ ἡ κατάστασις τῶν ὁδῶν τῆς πόλεως θὰ βελτιωθῇ σημαντικῶς ἐν τῷ μεταξὺ οἱ κάτοικοι ἀναμένουν μετὰ ἀνυπομονησίας τὰς ἀποφάσεις τῆς ἐπιτροπῆς καὶ τὴν ἔναρξιν τῶν ἐργασιῶν εἰς τὰς συνοικίας τῆς ἀνατολικῆς πλευρᾶς ὅπου ἡ ἀνάγκη εἶνε μεγαλυτέρα
Η ΚΑΘ' ΗΜΕΡΑΝ
Ένας εφευρέτης
Ὁ δήμαρχος καὶ τὸ δημοτικὸν συμβούλιον ἀπεφάσισαν τὴν ἐκτέλεσιν τοῦ ἔργου ὁ ὁποῖος θὰ συμπληρωθῇ ἐντὸς τοῦ τρέχοντος μηνὸς καὶ ἡ κατάστασις τῶν ὁδῶν τῆς πόλεως θὰ βελτιωθῇ σημαντικῶς ἐν τῷ μεταξὺ οἱ κάτοικοι ἀναμένουν μετὰ ἀνυπομονησίας τὰς ἀποφάσεις τῆς ἐπιτροπῆς καὶ τὴν ἔναρξιν τῶν ἐργασιῶν εἰς τὰς συνοικίας τῆς ἀνατολικῆς πλευρᾶς ὅπου ἡ ἀνάγκη εἶνε μεγαλυτέρα Ὁ δήμαρχος καὶ τὸ δημοτικὸν συμβούλιον ἀπεφάσισαν τὴν ἐκτέλεσιν τοῦ ἔργου ὁ ὁποῖος θὰ συμπληρωθῇ ἐντὸς τοῦ τρέχοντος μηνὸς καὶ ἡ κατάστασις τῶν ὁδῶν τῆς πόλεως θὰ βελτιωθῇ σημαντικῶς ἐν τῷ μεταξὺ οἱ κάτοικοι ἀναμένουν μετὰ ἀνυπομονησίας τὰς ἀποφάσεις τῆς ἐπιτροπῆς καὶ τὴν ἔναρξιν τῶν ἐργασιῶν εἰς τὰς συνοικίας τῆς ἀνατολικῆς πλευρᾶς ὅπου ἡ ἀνάγκη εἶνε μεγαλυτέρα Ὁ δήμαρχος καὶ τὸ δημοτικὸν συμβούλιον ἀπεφάσισαν τὴν ἐκτέλεσιν τοῦ ἔργου ὁ ὁποῖος θὰ συμπληρωθῇ ἐντὸς τοῦ τρέχοντος μηνὸς καὶ ἡ κατάστασις τῶν ὁδῶν τῆς πόλεως θὰ βελτιωθῇ σημαντικῶς ἐν τῷ μεταξὺ οἱ κάτοικοι ἀναμένουν μετὰ ἀνυπομονησίας τὰς ἀποφάσεις τῆς ἐπιτροπῆς καὶ τὴν ἔναρξιν τῶν ἐργασιῶν εἰς τὰς συνοικίας τῆς ἀνατολικῆς πλευρᾶς ὅπου ἡ ἀνάγκη εἶνε μεγαλυτέρα Ὁ δήμαρχος καὶ τὸ δημοτικὸν συμβούλιον ἀπεφάσισαν τὴν ἐκτέλεσιν τοῦ ἔργου ὁ ὁποῖος θὰ συμπληρωθῇ ἐντὸς τοῦ τρέχοντος μηνὸς καὶ ἡ κατάστασις τῶν ὁδῶν τῆς πόλεως θὰ βελτιωθῇ σημαντικῶς ἐν τῷ μεταξὺ οἱ κάτοικοι ἀναμένουν μετὰ ἀνυπομονησίας τὰς ἀποφάσεις τῆς ἐπιτροπῆς καὶ τὴν ἔναρξιν τῶν ἐργασιῶν εἰς τὰς συνοικίας τῆς ἀνατολικῆς πλευρᾶς ὅπου ἡ ἀνάγκη εἶνε μεγαλυτέρα Ὁ δήμαρχος καὶ τὸ δημοτικὸν συμβούλιον ἀπεφάσισαν τὴν ἐκτέλεσιν τοῦ ἔργου ὁ ὁποῖος θὰ συμπληρωθῇ ἐντὸς τοῦ τρέχοντος μηνὸς καὶ ἡ κατάστασις τῶν ὁδῶν τῆς πόλεως θὰ βελτιωθῇ σημαντικῶς ἐν τῷ μεταξὺ οἱ κάτοικοι ἀναμένουν μετὰ ἀνυπομονησίας τὰς ἀποφάσεις τῆς ἐπιτροπῆς καὶ τὴν ἔναρξιν τῶν ἐργασιῶν εἰς τὰς συνοικίας τῆς ἀνατολικῆς πλευρᾶς ὅπου ἡ ἀνάγκη εἶνε μεγαλυτέρα
Η Μις Καβάλλα Δίδ.
Αιμιλία Παπαγιάννη
ΕΠΙΣΤΗΜΟΝΙΚΑ
Ο ΑΣΥΡΜΑΤΟΣ
Ὁ δήμαρχος καὶ τὸ δημοτικὸν συμβούλιον ἀπεφάσισαν τὴν ἐκτέλεσιν τοῦ ἔργου ὁ ὁποῖος θὰ συμπληρωθῇ ἐντὸς τοῦ τρέχοντος μηνὸς καὶ ἡ κατάστασις τῶν ὁδῶν τῆς πόλεως θὰ βελτιωθῇ σημαντικῶς ἐν τῷ μεταξὺ οἱ κάτοικοι ἀναμένουν μετὰ ἀνυπομονησίας τὰς ἀποφάσεις τῆς ἐπιτροπῆς καὶ τὴν ἔναρξιν τῶν ἐργασιῶν εἰς τὰς συνοικίας τῆς ἀνατολικῆς πλευρᾶς ὅπου ἡ ἀνάγκη εἶνε μεγαλυτέρα Ὁ δήμαρχος καὶ τὸ δημοτικὸν συμβούλιον ἀπεφάσισαν τὴν ἐκτέλεσιν τοῦ ἔργου ὁ ὁποῖος θὰ συμπληρωθῇ ἐντὸς τοῦ τρέχοντος μηνὸς καὶ ἡ κατάστασις τῶν ὁδῶν τῆς πόλεως θὰ βελτιωθῇ σημαντικῶς ἐν τῷ μεταξὺ οἱ κάτοικοι ἀναμένουν μετὰ ἀνυπομονησίας τὰς ἀποφάσεις τῆς ἐπιτροπῆς καὶ τὴν ἔναρξιν τῶν ἐργασιῶν εἰς τὰς συνοικίας τῆς ἀνατολικῆς πλευρᾶς ὅπου ἡ ἀνάγκη εἶνε μεγαλυτέρα Ὁ δήμαρχος καὶ τὸ δημοτικὸν συμβούλιον ἀπεφάσισαν τὴν ἐκτέλεσιν τοῦ ἔργου ὁ ὁποῖος θὰ συμπληρωθῇ ἐντὸς τοῦ τρέχοντος μηνὸς καὶ ἡ κατάστασις τῶν ὁδῶν τῆς πόλεως θὰ βελτιωθῇ σημαντικῶς ἐν τῷ μεταξὺ οἱ κάτοικοι ἀναμένουν μετὰ ἀνυπομονησίας τὰς ἀποφάσεις τῆς ἐπιτροπῆς καὶ τὴν ἔναρξιν τῶν ἐργασιῶν εἰς τὰς συνοικίας τῆς ἀνατολικῆς πλευρᾶς ὅπου ἡ ἀνάγκη εἶνε μεγαλυτέρα Ὁ δήμαρχος καὶ τὸ δημοτικὸν συμβούλιον ἀπεφάσισαν τὴν ἐκτέλεσιν τοῦ ἔργου ὁ ὁποῖος θὰ συμπληρωθῇ ἐντὸς τοῦ τρέχοντος μηνὸς καὶ ἡ κατάστασις τῶν ὁδῶν τῆς πόλεως θὰ βελτιωθῇ σημαντικῶς ἐν τῷ μεταξὺ οἱ κάτοικοι ἀναμένουν μετὰ ἀνυπομονησίας τὰς ἀποφάσεις τῆς ἐπιτροπῆς καὶ τὴν ἔναρξιν τῶν ἐργασιῶν εἰς τὰς συνοικίας τῆς ἀνατολικῆς πλευρᾶς ὅπου ἡ ἀνάγκη εἶνε μεγαλυτέρα Ὁ δήμαρχος καὶ τὸ δημοτικὸν συμβούλιον ἀπεφάσισαν τὴν ἐκτέλεσιν τοῦ ἔργου ὁ ὁποῖος θὰ συμπληρωθῇ ἐντὸς τοῦ τρέχοντος μηνὸς καὶ ἡ κατάστασις τῶν ὁδῶν τῆς πόλεως θὰ βελτιωθῇ σημαντικῶς ἐν τῷ μεταξὺ οἱ κάτοικοι ἀναμένουν μετὰ ἀνυπομονησίας τὰς ἀποφάσεις τῆς ἐπιτροπῆς καὶ τὴν ἔναρξιν τῶν ἐργασιῶν εἰς τὰς συνοικίας τῆς ἀνατολικῆς πλευρᾶς ὅπου ἡ ἀνάγκη εἶνε μεγαλυτέρα
ΙΣΤΟΡΙΚΑ ΑΝΕΚΔΟΤΑ
Θορυβώδης άνθρωπος
Ὁ δήμαρχος καὶ τὸ δημοτικὸν συμβούλιον ἀπεφάσισαν τὴν ἐκτέλεσιν τοῦ ἔργου ὁ ὁποῖος θὰ συμπληρωθῇ ἐντὸς τοῦ τρέχοντος μηνὸς καὶ ἡ κατάστασις τῶν ὁδῶν τῆς πόλεως θὰ βελτιωθῇ σημαντικῶς ἐν τῷ μεταξὺ οἱ κάτοικοι ἀναμένουν μετὰ ἀνυπομονησίας τὰς ἀποφάσεις τῆς ἐπιτροπῆς καὶ τὴν ἔναρξιν τῶν ἐργασιῶν εἰς τὰς συνοικίας τῆς ἀνατολικῆς πλευρᾶς ὅπου ἡ ἀνάγκη εἶνε μεγαλυτέρα Ὁ δήμαρχος καὶ τὸ δημοτικὸν συμβούλιον ἀπεφάσισαν τὴν ἐκτέλεσιν τοῦ ἔργου ὁ ὁποῖος θὰ συμπληρωθῇ ἐντὸς τοῦ τρέχοντος μηνὸς καὶ ἡ κατάστασις τῶν ὁδῶν τῆς πόλεως θὰ βελτιωθῇ σημαντικῶς ἐν τῷ μεταξὺ οἱ κάτοικοι ἀναμένουν μετὰ ἀνυπομονησίας τὰς ἀποφάσεις τῆς ἐπιτροπῆς καὶ τὴν ἔναρξιν τῶν ἐργασιῶν εἰς τὰς συνοικίας τῆς ἀνατολικῆς πλευρᾶς ὅπου ἡ ἀνάγκη εἶνε μεγαλυτέρα Ὁ δήμαρχος καὶ τὸ δημοτικὸν συμβούλιον ἀπεφάσισαν τὴν ἐκτέλεσιν τοῦ ἔργου ὁ ὁποῖος θὰ συμπληρωθῇ ἐντὸς τοῦ τρέχοντος μηνὸς καὶ ἡ κατάστασις τῶν ὁδῶν τῆς πόλεως θὰ βελτιωθῇ σημαντικῶς ἐν τῷ μεταξὺ οἱ κάτοικοι ἀναμένουν μετὰ ἀνυπομονησίας τὰς ἀποφάσεις τῆς ἐπιτροπῆς καὶ τὴν ἔναρξιν τῶν ἐργασιῶν εἰς τὰς συνοικίας τῆς ἀνατολικῆς πλευρᾶς ὅπου ἡ ἀνάγκη εἶνε μεγαλυτέρα Ὁ δήμαρχος καὶ τὸ δημοτικὸν συμβούλιον ἀπεφάσισαν τὴν ἐκτέλεσιν τοῦ ἔργου ὁ ὁποῖος θὰ συμπληρωθῇ ἐντὸς τοῦ τρέχοντος μηνὸς καὶ ἡ κατάστασις τῶν ὁδῶν τῆς πόλεως θὰ βελτιωθῇ σημαντικῶς ἐν τῷ μεταξὺ οἱ κάτοικοι ἀναμένουν μετὰ ἀνυπομονησίας τὰς ἀποφάσεις τῆς ἐπιτροπῆς καὶ τὴν ἔναρξιν τῶν ἐργασιῶν εἰς τὰς συνοικίας τῆς ἀνατολικῆς πλευρᾶς ὅπου ἡ ἀνάγκη εἶνε μεγαλυτέρα Ὁ δήμαρχος καὶ τὸ δημοτικὸν συμβούλιον ἀπεφάσισαν τὴν ἐκτέλεσιν τοῦ ἔργου ὁ ὁποῖος θὰ συμπληρωθῇ ἐντὸς τοῦ τρέχοντος μηνὸς καὶ ἡ κατάστασις τῶν ὁδῶν τῆς πόλεως θὰ βελτιωθῇ σημαντικῶς ἐν τῷ μεταξὺ οἱ κάτοικοι ἀναμένουν μετὰ ἀνυπομονησίας τὰς ἀποφάσεις τῆς ἐπιτροπῆς καὶ τὴν ἔναρξιν τῶν ἐργασιῶν εἰς τὰς συνοικίας τῆς ἀνατολικῆς πλευρᾶς ὅπου ἡ ἀνάγκη εἶνε μεγαλυτέρα
ΤΑ ΚΟΥΤΣΟΜΠΟΛΙΑ
Μεταξύ μικρών
Ὁ δήμαρχος καὶ τὸ δημοτικὸν συμβούλιον ἀπεφάσισαν τὴν ἐκτέλεσιν τοῦ ἔργου ὁ ὁποῖος θὰ συμπληρωθῇ ἐντὸς τοῦ τρέχοντος μηνὸς καὶ ἡ κατάστασις τῶν ὁδῶν τῆς πόλεως θὰ βελτιωθῇ σημαντικῶς ἐν τῷ μεταξὺ οἱ κάτοικοι ἀναμένουν μετὰ ἀνυπομονησίας τὰς ἀποφάσεις τῆς ἐπιτροπῆς καὶ τὴν ἔναρξιν τῶν ἐργασιῶν εἰς τὰς συνοικίας τῆς ἀνατολικῆς πλευρᾶς ὅπου ἡ ἀνάγκη εἶνε μεγαλυτέρα Ὁ δήμαρχος καὶ τὸ δημοτικὸν συμβούλιον ἀπεφάσισαν τὴν ἐκτέλεσιν τοῦ ἔργου ὁ ὁποῖος θὰ συμπληρωθῇ ἐντὸς τοῦ τρέχοντος μηνὸς καὶ ἡ κατάστασις τῶν ὁδῶν τῆς πόλεως θὰ βελτιωθῇ σημαντικῶς ἐν τῷ μεταξὺ οἱ κάτοικοι ἀναμένουν μετὰ ἀνυπομονησίας τὰς ἀποφάσεις τῆς ἐπιτροπῆς καὶ τὴν ἔναρξιν τῶν ἐργασιῶν εἰς τὰς συνοικίας τῆς ἀνατολικῆς πλευρᾶς ὅπου ἡ ἀνάγκη εἶνε μεγαλυτέρα Ὁ δήμαρχος καὶ τὸ δημοτικὸν συμβούλιον ἀπεφάσισαν τὴν ἐκτέλεσιν τοῦ ἔργου ὁ ὁποῖος θὰ συμπληρωθῇ ἐντὸς τοῦ τρέχοντος μηνὸς καὶ ἡ κατάστασις τῶν ὁδῶν τῆς πόλεως θὰ βελτιωθῇ σημαντικῶς ἐν τῷ μεταξὺ οἱ κάτοικοι ἀναμένουν μετὰ ἀνυπομονησίας τὰς ἀποφάσεις τῆς ἐπιτροπῆς καὶ τὴν ἔναρξιν τῶν ἐργασιῶν εἰς τὰς συνοικίας τῆς ἀνατολικῆς πλευρᾶς ὅπου ἡ ἀνάγκη εἶνε μεγαλυτέρα Ὁ δήμαρχος καὶ τὸ δημοτικὸν συμβούλιον ἀπεφάσισαν τὴν ἐκτέλεσιν τοῦ ἔργου ὁ ὁποῖος θὰ συμπληρωθῇ ἐντὸς τοῦ τρέχοντος μηνὸς καὶ ἡ κατάστασις τῶν ὁδῶν τῆς πόλεως θὰ βελτιωθῇ σημαντικῶς ἐν τῷ μεταξὺ οἱ κάτοικοι ἀναμένουν μετὰ ἀνυπομονησίας τὰς ἀποφάσεις τῆς ἐπιτροπῆς καὶ τὴν ἔναρξιν τῶν ἐργασιῶν εἰς τὰς συνοικίας τῆς ἀνατολικῆς πλευρᾶς ὅπου ἡ ἀνάγκη εἶνε μεγαλυτέρα Ὁ δήμαρχος καὶ τὸ δημοτικὸν συμβούλιον ἀπεφάσισαν τὴν ἐκτέλεσιν τοῦ ἔργου ὁ ὁποῖος θὰ συμπληρωθῇ ἐντὸς τοῦ τρέχοντος μηνὸς καὶ ἡ κατάστασις τῶν ὁδῶν τῆς πόλεως θὰ βελτιωθῇ σημαντικῶς ἐν τῷ μεταξὺ οἱ κάτοικοι ἀναμένουν μετὰ ἀνυπομονησίας τὰς ἀποφάσεις τῆς ἐπιτροπῆς καὶ τὴν ἔναρξιν τῶν ἐργασιῶν εἰς τὰς συνοικίας τῆς ἀνατολικῆς πλευρᾶς ὅπου ἡ ἀνάγκη εἶνε μεγαλυτέρα
Ο ΚΟΣΜΟΣ
Με ένα λόγια
Ὁ δήμαρχος καὶ τὸ δημοτικὸν συμβούλιον ἀπεφάσισαν τὴν ἐκτέλεσιν τοῦ ἔργου ὁ ὁποῖος θὰ συμπληρωθῇ ἐντὸς τοῦ τρέχοντος μηνὸς καὶ ἡ κατάστασις τῶν ὁδῶν τῆς πόλεως θὰ βελτιωθῇ σημαντικῶς ἐν τῷ μεταξὺ οἱ κάτοικοι ἀναμένουν μετὰ ἀνυπομονησίας τὰς ἀποφάσεις τῆς ἐπιτροπῆς καὶ τὴν ἔναρξιν τῶν ἐργασιῶν εἰς τὰς συνοικίας τῆς ἀνατολικῆς πλευρᾶς ὅπου ἡ ἀνάγκη εἶνε μεγαλυτέρα Ὁ δήμαρχος καὶ τὸ δημοτικὸν συμβούλιον ἀπεφάσισαν τὴν ἐκτέλεσιν τοῦ ἔργου ὁ ὁποῖος θὰ συμπληρωθῇ ἐντὸς τοῦ τρέχοντος μηνὸς καὶ ἡ κατάστασις τῶν ὁδῶν τῆς πόλεως θὰ βελτιωθῇ σημαντικῶς ἐν τῷ μεταξὺ οἱ κάτοικοι ἀναμένουν μετὰ ἀνυπομονησίας τὰς ἀποφάσεις τῆς ἐπιτροπῆς καὶ τὴν ἔναρξιν τῶν ἐργασιῶν εἰς τὰς συνοικίας τῆς ἀνατολικῆς πλευρᾶς ὅπου ἡ ἀνάγκη εἶνε μεγαλυτέρα Ὁ δήμαρχος καὶ τὸ δημοτικὸν συμβούλιον ἀπεφάσισαν τὴν ἐκτέλεσιν τοῦ ἔργου ὁ ὁποῖος θὰ συμπληρωθῇ ἐντὸς τοῦ τρέχοντος μηνὸς καὶ ἡ κατάστασις τῶν ὁδῶν τῆς πόλεως θὰ βελτιωθῇ σημαντικῶς ἐν τῷ μεταξὺ οἱ κάτοικοι ἀναμένουν μετὰ ἀνυπομονησίας τὰς ἀποφάσεις τῆς ἐπιτροπῆς καὶ τὴν ἔναρξιν τῶν ἐργασιῶν εἰς τὰς συνοικίας τῆς ἀνατολικῆς πλευρᾶς ὅπου ἡ ἀνάγκη εἶνε μεγαλυτέρα Ὁ δήμαρχος καὶ τὸ δημοτικὸν συμβούλιον ἀπεφάσισαν τὴν ἐκτέλεσιν τοῦ ἔργου ὁ ὁποῖος θὰ συμπληρωθῇ ἐντὸς τοῦ τρέχοντος μηνὸς καὶ ἡ κατάστασις τῶν ὁδῶν τῆς πόλεως θὰ βελτιωθῇ σημαντικῶς ἐν τῷ μεταξὺ οἱ κάτοικοι ἀναμένουν μετὰ ἀνυπομονησίας τὰς ἀποφάσεις τῆς ἐπιτροπῆς καὶ τὴν ἔναρξιν τῶν ἐργασιῶν εἰς τὰς συνοικίας τῆς ἀνατολικῆς πλευρᾶς ὅπου ἡ ἀνάγκη εἶνε μεγαλυτέρα Ὁ δήμαρχος καὶ τὸ δημοτικὸν συμβούλιον ἀπεφάσισαν τὴν ἐκτέλεσιν τοῦ ἔργου ὁ ὁποῖος θὰ συμπληρωθῇ ἐντὸς τοῦ τρέχοντος μηνὸς καὶ ἡ κατάστασις τῶν ὁδῶν τῆς πόλεως θὰ βελτιωθῇ σημαντικῶς ἐν τῷ μεταξὺ οἱ κάτοικοι ἀναμένουν μετὰ ἀνυπομονησίας τὰς ἀποφάσεις τῆς ἐπιτροπῆς καὶ τὴν ἔναρξιν τῶν ἐργασιῶν εἰς τὰς συνοικίας τῆς ἀνατολικῆς πλευρᾶς ὅπου ἡ ἀνάγκη εἶνε μεγαλυτέρα
Τό κεντρί
ΤΗΣ ΣΤΙΓΜΗΣ
ΙΠΠΟΤΗΣ-ΜΠΑΓΙΑΝΤΕΡΑ
Η Κ Κ
Ὁ δήμαρχος καὶ τὸ δημοτικὸν συμβούλιον ἀπεφάσισαν τὴν ἐκτέλεσιν τοῦ ἔργου ὁ ὁποῖος θὰ συμπληρωθῇ ἐντὸς τοῦ τρέχοντος μηνὸς καὶ ἡ κατάστασις τῶν ὁδῶν τῆς πόλεως θὰ βελτιωθῇ σημαντικῶς ἐν τῷ μεταξὺ οἱ κάτοικοι ἀναμένουν μετὰ ἀνυπομονησίας τὰς ἀποφάσεις τῆς ἐπιτροπῆς καὶ τὴν ἔναρξιν τῶν ἐργασιῶν εἰς τὰς συνοικίας τῆς ἀνατολικῆς πλευρᾶς ὅπου ἡ ἀνάγκη εἶνε μεγαλυτέρα Ὁ δήμαρχος καὶ τὸ δημοτικὸν συμβούλιον ἀπεφάσισαν τὴν ἐκτέλεσιν τοῦ ἔργου ὁ ὁποῖος θὰ συμπληρωθῇ ἐντὸς τοῦ τρέχοντος μηνὸς καὶ ἡ κατάστασις τῶν ὁδῶν τῆς πόλεως θὰ βελτιωθῇ σημαντικῶς ἐν τῷ μεταξὺ οἱ κάτοικοι ἀναμένουν μετὰ ἀνυπομονησίας τὰς ἀποφάσεις τῆς ἐπιτροπῆς καὶ τὴν ἔναρξιν τῶν ἐργασιῶν εἰς τὰς συνοικίας τῆς ἀνατολικῆς πλευρᾶς ὅπου ἡ ἀνάγκη εἶνε μεγαλυτέρα Ὁ δήμαρχος καὶ τὸ δημοτικὸν συμβούλιον ἀπεφάσισαν τὴν ἐκτέλεσιν τοῦ ἔργου ὁ ὁποῖος θὰ συμπληρωθῇ ἐντὸς τοῦ τρέχοντος μηνὸς καὶ ἡ κατάστασις τῶν ὁδῶν τῆς πόλεως θὰ βελτιωθῇ σημαντικῶς ἐν τῷ μεταξὺ οἱ κάτοικοι ἀναμένουν μετὰ ἀνυπομονησίας τὰς ἀποφάσεις τῆς ἐπιτροπῆς καὶ τὴν ἔναρξιν τῶν ἐργασιῶν εἰς τὰς συνοικίας τῆς ἀνατολικῆς πλευρᾶς ὅπου ἡ ἀνάγκη εἶνε μεγαλυτέρα Ὁ δήμαρχος καὶ τὸ δημοτικὸν συμβούλιον ἀπεφάσισαν τὴν ἐκτέλεσιν τοῦ ἔργου ὁ ὁποῖος θὰ συμπληρωθῇ ἐντὸς τοῦ τρέχοντος μηνὸς καὶ ἡ κατάστασις τῶν ὁδῶν τῆς πόλεως θὰ βελτιωθῇ σημαντικῶς ἐν τῷ μεταξὺ οἱ κάτοικοι ἀναμένουν μετὰ ἀνυπομονησίας τὰς ἀποφάσεις τῆς ἐπιτροπῆς καὶ τὴν ἔναρξιν τῶν ἐργασιῶν εἰς τὰς συνοικίας τῆς ἀνατολικῆς πλευρᾶς ὅπου ἡ ἀνάγκη εἶνε μεγαλυτέρα Ὁ δήμαρχος καὶ τὸ δημοτικὸν συμβούλιον ἀπεφάσισαν τὴν ἐκτέλεσιν τοῦ ἔργου ὁ ὁποῖος θὰ συμπληρωθῇ ἐντὸς τοῦ τρέχοντος μηνὸς καὶ ἡ κατάστασις τῶν ὁδῶν τῆς πόλεως θὰ βελτιωθῇ σημαντικῶς ἐν τῷ μεταξὺ οἱ κάτοικοι ἀναμένουν μετὰ ἀνυπομονησίας τὰς ἀποφάσεις τῆς ἐπιτροπῆς καὶ τὴν ἔναρξιν τῶν ἐργασιῶν εἰς τὰς συνοικίας τῆς ἀνατολικῆς πλευρᾶς ὅπου ἡ ἀνάγκη εἶνε μεγαλυτέρα
Ὁ δήμαρχος καὶ τὸ δημοτικὸν συμβούλιον ἀπεφάσισαν τὴν ἐκτέλεσιν τοῦ ἔργου ὁ ὁποῖος θὰ συμπληρωθῇ ἐντὸς τοῦ τρέχοντος μηνὸς καὶ ἡ κατάστασις τῶν ὁδῶν τῆς πόλεως θὰ βελτιωθῇ σημαντικῶς ἐν τῷ μεταξὺ οἱ κάτοικοι ἀναμένουν μετὰ ἀνυπομονησίας τὰς ἀποφάσεις τῆς ἐπιτροπῆς καὶ τὴν ἔναρξιν τῶν ἐργασιῶν εἰς τὰς συνοικίας τῆς ἀνατολικῆς πλευρᾶς ὅπου ἡ ἀνάγκη εἶνε μεγαλυτέρα Ὁ δήμαρχος καὶ τὸ δημοτικὸν συμβούλιον ἀπεφάσισαν τὴν ἐκτέλεσιν τοῦ ἔργου ὁ ὁποῖος θὰ συμπληρωθῇ ἐντὸς τοῦ τρέχοντος μηνὸς καὶ ἡ κατάστασις τῶν ὁδῶν τῆς πόλεως θὰ βελτιωθῇ σημαντικῶς ἐν τῷ μεταξὺ οἱ κάτοικοι ἀναμένουν μετὰ ἀνυπομονησίας τὰς ἀποφάσεις τῆς ἐπιτροπῆς καὶ τὴν ἔναρξιν τῶν ἐργασιῶν εἰς τὰς συνοικίας τῆς ἀνατολικῆς πλευρᾶς ὅπου ἡ ἀνάγκη εἶνε μεγαλυτέρα Ὁ δήμαρχος καὶ τὸ δημοτικὸν συμβούλιον ἀπεφάσισαν τὴν ἐκτέλεσιν τοῦ ἔργου ὁ ὁποῖος θὰ συμπληρωθῇ ἐντὸς τοῦ τρέχοντος μηνὸς καὶ ἡ κατάστασις τῶν ὁδῶν τῆς πόλεως θὰ βελτιωθῇ σημαντικῶς ἐν τῷ μεταξὺ οἱ κάτοικοι ἀναμένουν μετὰ ἀνυπομονησίας τὰς ἀποφάσεις τῆς ἐπιτροπῆς καὶ τὴν ἔναρξιν τῶν ἐργασιῶν εἰς τὰς συνοικίας τῆς ἀνατολικῆς πλευρᾶς ὅπου ἡ ἀνάγκη εἶνε μεγαλυτέρα Ὁ δήμαρχος καὶ τὸ δημοτικὸν συμβούλιον ἀπεφάσισαν τὴν ἐκτέλεσιν τοῦ ἔργου ὁ ὁποῖος θὰ συμπληρωθῇ ἐντὸς τοῦ τρέχοντος μηνὸς καὶ ἡ κατάστασις τῶν ὁδῶν τῆς πόλεως θὰ βελτιωθῇ σημαντικῶς ἐν τῷ μεταξὺ οἱ κάτοικοι ἀναμένουν μετὰ ἀνυπομονησίας τὰς ἀποφάσεις τῆς ἐπιτροπῆς καὶ τὴν ἔναρξιν τῶν ἐργασιῶν εἰς τὰς συνοικίας τῆς ἀνατολικῆς πλευρᾶς ὅπου ἡ ἀνάγκη εἶνε μεγαλυτέρα Ὁ δήμαρχος καὶ τὸ δημοτικὸν συμβούλιον ἀπεφάσισαν τὴν ἐκτέλεσιν τοῦ ἔργου ὁ ὁποῖος θὰ συμπληρωθῇ ἐντὸς τοῦ τρέχοντος μηνὸς καὶ ἡ κατάστασις τῶν ὁδῶν τῆς πόλεως θὰ βελτιωθῇ σημαντικῶς ἐν τῷ μεταξὺ οἱ κάτοικοι ἀναμένουν μετὰ ἀνυπομονησίας τὰς ἀποφάσεις τῆς ἐπιτροπῆς καὶ τὴν ἔναρξιν τῶν ἐργασιῶν εἰς τὰς συνοικίας τῆς ἀνατολικῆς πλευρᾶς ὅπου ἡ ἀνάγκη εἶνε μεγαλυτέρα
ΛΟΓΚΡΙΝ
ΧΟΡΕΥΤΙΚΗ ΚΙΝΗΣΙΣ
Τῶν φωτογράφων
Ὁ δήμαρχος καὶ τὸ δημοτικὸν συμβούλιον ἀπεφάσισαν τὴν ἐκτέλεσιν τοῦ ἔργου ὁ ὁποῖος θὰ συμπληρωθῇ ἐντὸς τοῦ τρέχοντος μηνὸς καὶ ἡ κατάστασις τῶν ὁδῶν τῆς πόλεως θὰ βελτιωθῇ σημαντικῶς ἐν τῷ μεταξὺ οἱ κάτοικοι ἀναμένουν μετὰ ἀνυπομονησίας τὰς ἀποφάσεις τῆς ἐπιτροπῆς καὶ τὴν ἔναρξιν τῶν ἐργασιῶν εἰς τὰς συνοικίας τῆς ἀνατολικῆς πλευρᾶς ὅπου ἡ ἀνάγκη εἶνε μεγαλυτέρα Ὁ δήμαρχος καὶ τὸ δημοτικὸν συμβούλιον ἀπεφάσισαν τὴν ἐκτέλεσιν τοῦ ἔργου ὁ ὁποῖος θὰ συμπληρωθῇ ἐντὸς τοῦ τρέχοντος μηνὸς καὶ ἡ κατάστασις τῶν ὁδῶν τῆς πόλεως θὰ βελτιωθῇ σημαντικῶς ἐν τῷ μεταξὺ οἱ κάτοικοι ἀναμένουν μετὰ ἀνυπομονησίας τὰς ἀποφάσεις τῆς ἐπιτροπῆς καὶ τὴν ἔναρξιν τῶν ἐργασιῶν εἰς τὰς συνοικίας τῆς ἀνατολικῆς πλευρᾶς ὅπου ἡ ἀνάγκη εἶνε μεγαλυτέρα Ὁ δήμαρχος καὶ τὸ δημοτικὸν συμβούλιον ἀπεφάσισαν τὴν ἐκτέλεσιν τοῦ ἔργου ὁ ὁποῖος θὰ συμπληρωθῇ ἐντὸς τοῦ τρέχοντος μηνὸς καὶ ἡ κατάστασις τῶν ὁδῶν τῆς πόλεως θὰ βελτιωθῇ σημαντικῶς ἐν τῷ μεταξὺ οἱ κάτοικοι ἀναμένουν μετὰ ἀνυπομονησίας τὰς ἀποφάσεις τῆς ἐπιτροπῆς καὶ τὴν ἔναρξιν τῶν ἐργασιῶν εἰς τὰς συνοικίας τῆς ἀνατολικῆς πλευρᾶς ὅπου ἡ ἀνάγκη εἶνε μεγαλυτέρα Ὁ δήμαρχος καὶ τὸ δημοτικὸν συμβούλιον ἀπεφάσισαν τὴν ἐκτέλεσιν τοῦ ἔργου ὁ ὁποῖος θὰ συμπληρωθῇ ἐντὸς τοῦ τρέχοντος μηνὸς καὶ ἡ κατάστασις τῶν ὁδῶν τῆς πόλεως θὰ βελτιωθῇ σημαντικῶς ἐν τῷ μεταξὺ οἱ κάτοικοι ἀναμένουν μετὰ ἀνυπομονησίας τὰς ἀποφάσεις τῆς ἐπιτροπῆς καὶ τὴν ἔναρξιν τῶν ἐργασιῶν εἰς τὰς συνοικίας τῆς ἀνατολικῆς πλευρᾶς ὅπου ἡ ἀνάγκη εἶνε μεγαλυτέρα Ὁ δήμαρχος καὶ τὸ δημοτικὸν συμβούλιον ἀπεφάσισαν τὴν ἐκτέλεσιν τοῦ ἔργου ὁ ὁποῖος θὰ συμπληρωθῇ ἐντὸς τοῦ τρέχοντος μηνὸς καὶ ἡ κατάστασις τῶν ὁδῶν τῆς πόλεως θὰ βελτιωθῇ σημαντικῶς ἐν τῷ μεταξὺ οἱ κάτοικοι ἀναμένουν μετὰ ἀνυπομονησίας τὰς ἀποφάσεις τῆς ἐπιτροπῆς καὶ τὴν ἔναρξιν τῶν ἐργασιῶν εἰς τὰς συνοικίας τῆς ἀνατολικῆς πλευρᾶς ὅπου ἡ ἀνάγκη εἶνε μεγαλυτέρα
Ὁ Πανθεσσαλικός
Ὁ δήμαρχος καὶ τὸ δημοτικὸν συμβούλιον ἀπεφάσισαν τὴν ἐκτέλεσιν τοῦ ἔργου ὁ ὁποῖος θὰ συμπληρωθῇ ἐντὸς τοῦ τρέχοντος μηνὸς καὶ ἡ κατάστασις τῶν ὁδῶν τῆς πόλεως θὰ βελτιωθῇ σημαντικῶς ἐν τῷ μεταξὺ οἱ κάτοικοι ἀναμένουν μετὰ ἀνυπομονησίας τὰς ἀποφάσεις τῆς ἐπιτροπῆς καὶ τὴν ἔναρξιν τῶν ἐργασιῶν εἰς τὰς συνοικίας τῆς ἀνατολικῆς πλευρᾶς ὅπου ἡ ἀνάγκη εἶνε μεγαλυτέρα Ὁ δήμαρχος καὶ τὸ δημοτικὸν συμβούλιον ἀπεφάσισαν τὴν ἐκτέλεσιν τοῦ ἔργου ὁ ὁποῖος θὰ συμπληρωθῇ ἐντὸς τοῦ τρέχοντος μηνὸς καὶ ἡ κατάστασις τῶν ὁδῶν τῆς πόλεως θὰ βελτιωθῇ σημαντικῶς ἐν τῷ μεταξὺ οἱ κάτοικοι ἀναμένουν μετὰ ἀνυπομονησίας τὰς ἀποφάσεις τῆς ἐπιτροπῆς καὶ τὴν ἔναρξιν τῶν ἐργασιῶν εἰς τὰς συνοικίας τῆς ἀνατολικῆς πλευρᾶς ὅπου ἡ ἀνάγκη εἶνε μεγαλυτέρα Ὁ δήμαρχος καὶ τὸ δημοτικὸν συμβούλιον ἀπεφάσισαν τὴν ἐκτέλεσιν τοῦ ἔργου ὁ ὁποῖος θὰ συμπληρωθῇ ἐντὸς τοῦ τρέχοντος μηνὸς καὶ ἡ κατάστασις τῶν ὁδῶν τῆς πόλεως θὰ βελτιωθῇ σημαντικῶς ἐν τῷ μεταξὺ οἱ κάτοικοι ἀναμένουν μετὰ ἀνυπομονησίας τὰς ἀποφάσεις τῆς ἐπιτροπῆς καὶ τὴν ἔναρξιν τῶν ἐργασιῶν εἰς τὰς συνοικίας τῆς ἀνατολικῆς πλευρᾶς ὅπου ἡ ἀνάγκη εἶνε μεγαλυτέρα Ὁ δήμαρχος καὶ τὸ δημοτικὸν συμβούλιον ἀπεφάσισαν τὴν ἐκτέλεσιν τοῦ ἔργου ὁ ὁποῖος θὰ συμπληρωθῇ ἐντὸς τοῦ τρέχοντος μηνὸς καὶ ἡ κατάστασις τῶν ὁδῶν τῆς πόλεως θὰ βελτιωθῇ σημαντικῶς ἐν τῷ μεταξὺ οἱ κάτοικοι ἀναμένουν μετὰ ἀνυπομονησίας τὰς ἀποφάσεις τῆς ἐπιτροπῆς καὶ τὴν ἔναρξιν τῶν ἐργασιῶν εἰς τὰς συνοικίας τῆς ἀνατολικῆς πλευρᾶς ὅπου ἡ ἀνάγκη εἶνε μεγαλυτέρα Ὁ δήμαρχος καὶ τὸ δημοτικὸν συμβούλιον ἀπεφάσισαν τὴν ἐκτέλεσιν τοῦ ἔργου ὁ ὁποῖος θὰ συμπληρωθῇ ἐντὸς τοῦ τρέχοντος μηνὸς καὶ ἡ κατάστασις τῶν ὁδῶν τῆς πόλεως θὰ βελτιωθῇ σημαντικῶς ἐν τῷ μεταξὺ οἱ κάτοικοι ἀναμένουν μετὰ ἀνυπομονησίας τὰς ἀποφάσεις τῆς ἐπιτροπῆς καὶ τὴν ἔναρξιν τῶν ἐργασιῶν εἰς τὰς συνοικίας τῆς ἀνατολικῆς πλευρᾶς ὅπου ἡ ἀνάγκη εἶνε μεγαλυτέρα
ΚΟΙΝΩΝΙΚΑ
Εὐχαριστήριον
Ὁ δήμαρχος καὶ τὸ δημοτικὸν συμβούλιον ἀπεφάσισαν τὴν ἐκτέλεσιν τοῦ ἔργου ὁ ὁποῖος θὰ συμπληρωθῇ ἐντὸς τοῦ τρέχοντος μηνὸς καὶ ἡ κατάστασις τῶν ὁδῶν τῆς πόλεως θὰ βελτιωθῇ σημαντικῶς ἐν τῷ μεταξὺ οἱ κάτοικοι ἀναμένουν μετὰ ἀνυπομονησίας τὰς ἀποφάσεις τῆς ἐπιτροπῆς καὶ τὴν ἔναρξιν τῶν ἐργασιῶν εἰς τὰς συνοικίας τῆς ἀνατολικῆς πλευρᾶς ὅπου ἡ ἀνάγκη εἶνε μεγαλυτέρα Ὁ δήμαρχος καὶ τὸ δημοτικὸν συμβούλιον ἀπεφάσισαν τὴν ἐκτέλεσιν τοῦ ἔργου ὁ ὁποῖος θὰ συμπληρωθῇ ἐντὸς τοῦ τρέχοντος μηνὸς καὶ ἡ κατάστασις τῶν ὁδῶν τῆς πόλεως θὰ βελτιωθῇ σημαντικῶς ἐν τῷ μεταξὺ οἱ κάτοικοι ἀναμένουν μετὰ ἀνυπομονησίας τὰς ἀποφάσεις τῆς ἐπιτροπῆς καὶ τὴν ἔναρξιν τῶν ἐργασιῶν εἰς τὰς συνοικίας τῆς ἀνατολικῆς πλευρᾶς ὅπου ἡ ἀνάγκη εἶνε μεγαλυτέρα Ὁ δήμαρχος καὶ τὸ δημοτικὸν συμβούλιον ἀπεφάσισαν τὴν ἐκτέλεσιν τοῦ ἔργου ὁ ὁποῖος θὰ συμπληρωθῇ ἐντὸς τοῦ τρέχοντος μηνὸς καὶ ἡ κατάστασις τῶν ὁδῶν τῆς πόλεως θὰ βελτιωθῇ σημαντικῶς ἐν τῷ μεταξὺ οἱ κάτοικοι ἀναμένουν μετὰ ἀνυπομονησίας τὰς ἀποφάσεις τῆς ἐπιτροπῆς καὶ τὴν ἔναρξιν τῶν ἐργασιῶν εἰς τὰς συνοικίας τῆς ἀνατολικῆς πλευρᾶς ὅπου ἡ ἀνάγκη εἶνε μεγαλυτέρα Ὁ δήμαρχος καὶ τὸ δημοτικὸν συμβούλιον ἀπεφάσισαν τὴν ἐκτέλεσιν τοῦ ἔργου ὁ ὁποῖος θὰ συμπληρωθῇ ἐντὸς τοῦ τρέχοντος μηνὸς καὶ ἡ κατάστασις τῶν ὁδῶν τῆς πόλεως θὰ βελτιωθῇ σημαντικῶς ἐν τῷ μεταξὺ οἱ κάτοικοι ἀναμένουν μετὰ ἀνυπομονησίας τὰς ἀποφάσεις τῆς ἐπιτροπῆς καὶ τὴν ἔναρξιν τῶν ἐργασιῶν εἰς τὰς συνοικίας τῆς ἀνατολικῆς πλευρᾶς ὅπου ἡ ἀνάγκη εἶνε μεγαλυτέρα Ὁ δήμαρχος καὶ τὸ δημοτικὸν συμβούλιον ἀπεφάσισαν τὴν ἐκτέλεσιν τοῦ ἔργου ὁ ὁποῖος θὰ συμπληρωθῇ ἐντὸς τοῦ τρέχοντος μηνὸς καὶ ἡ κατάστασις τῶν ὁδῶν τῆς πόλεως θὰ βελτιωθῇ σημαντικῶς ἐν τῷ μεταξὺ οἱ κάτοικοι ἀναμένουν μετὰ ἀνυπομονησίας τὰς ἀποφάσεις τῆς ἐπιτροπῆς καὶ τὴν ἔναρξιν τῶν ἐργασιῶν εἰς τὰς συνοικίας τῆς ἀνατολικῆς πλευρᾶς ὅπου ἡ ἀνάγκη εἶνε μεγαλυτέρα
ΓΑΜΟΣ
Ὁ δήμαρχος καὶ τὸ δημοτικὸν συμβούλιον ἀπεφάσισαν τὴν ἐκτέλεσιν τοῦ ἔργου ὁ ὁποῖος θὰ συμπληρωθῇ ἐντὸς τοῦ τρέχοντος μηνὸς καὶ ἡ κατάστασις τῶν ὁδῶν τῆς πόλεως θὰ βελτιωθῇ σημαντικῶς ἐν τῷ μεταξὺ οἱ κάτοικοι ἀναμένουν μετὰ ἀνυπομονησίας τὰς ἀποφάσεις τῆς ἐπιτροπῆς καὶ τὴν ἔναρξιν τῶν ἐργασιῶν εἰς τὰς συνοικίας τῆς ἀνατολικῆς πλευρᾶς ὅπου ἡ ἀνάγκη εἶνε μεγαλυτέρα Ὁ δήμαρχος καὶ τὸ δημοτικὸν συμβούλιον ἀπεφάσισαν τὴν ἐκτέλεσιν τοῦ ἔργου ὁ ὁποῖος θὰ συμπληρωθῇ ἐντὸς τοῦ τρέχοντος μηνὸς καὶ ἡ κατάστασις τῶν ὁδῶν τῆς πόλεως θὰ βελτιωθῇ σημαντικῶς ἐν τῷ μεταξὺ οἱ κάτοικοι ἀναμένουν μετὰ ἀνυπομονησίας τὰς ἀποφάσεις τῆς ἐπιτροπῆς καὶ τὴν ἔναρξιν τῶν ἐργασιῶν εἰς τὰς συνοικίας τῆς ἀνατολικῆς πλευρᾶς ὅπου ἡ ἀνάγκη εἶνε μεγαλυτέρα Ὁ δήμαρχος καὶ τὸ δημοτικὸν συμβούλιον ἀπεφάσισαν τὴν ἐκτέλεσιν τοῦ ἔργου ὁ ὁποῖος θὰ συμπληρωθῇ ἐντὸς τοῦ τρέχοντος μηνὸς καὶ ἡ κατάστασις τῶν ὁδῶν τῆς πόλεως θὰ βελτιωθῇ σημαντικῶς ἐν τῷ μεταξὺ οἱ κάτοικοι ἀναμένουν μετὰ ἀνυπομονησίας τὰς ἀποφάσεις τῆς ἐπιτροπῆς καὶ τὴν ἔναρξιν τῶν ἐργασιῶν εἰς τὰς συνοικίας τῆς ἀνατολικῆς πλευρᾶς ὅπου ἡ ἀνάγκη εἶνε μεγαλυτέρα Ὁ δήμαρχος καὶ τὸ δημοτικὸν συμβούλιον ἀπεφάσισαν τὴν ἐκτέλεσιν τοῦ ἔργου ὁ ὁποῖος θὰ συμπληρωθῇ ἐντὸς τοῦ τρέχοντος μηνὸς καὶ ἡ κατάστασις τῶν ὁδῶν τῆς πόλεως θὰ βελτιωθῇ σημαντικῶς ἐν τῷ μεταξὺ οἱ κάτοικοι ἀναμένουν μετὰ ἀνυπομονησίας τὰς ἀποφάσεις τῆς ἐπιτροπῆς καὶ τὴν ἔναρξιν τῶν ἐργασιῶν εἰς τὰς συνοικίας τῆς ἀνατολικῆς πλευρᾶς ὅπου ἡ ἀνάγκη εἶνε μεγαλυτέρα Ὁ δήμαρχος καὶ τὸ δημοτικὸν συμβούλιον ἀπεφάσισαν τὴν ἐκτέλεσιν τοῦ ἔργου ὁ ὁποῖος θὰ συμπληρωθῇ ἐντὸς τοῦ τρέχοντος μηνὸς καὶ ἡ κατάστασις τῶν ὁδῶν τῆς πόλεως θὰ βελτιωθῇ σημαντικῶς ἐν τῷ μεταξὺ οἱ κάτοικοι ἀναμένουν μετὰ ἀνυπομονησίας τὰς ἀποφάσεις τῆς ἐπιτροπῆς καὶ τὴν ἔναρξιν τῶν ἐργασιῶν εἰς τὰς συνοικίας τῆς ἀνατολικῆς πλευρᾶς ὅπου ἡ ἀνάγκη εἶνε μεγαλυτέρα
Νίνας Παλιούρα
ΔΗΜΗΤΡΙΟΣ ΣΠΗΛΙΩΤΗΣ
ΔΙΑ ΝΙΚΗΝ ΠΟΛΙΟΥΡΑ
Η ΦΙΛΑΝΘΡΩΠΙΑ
Ὁ δήμαρχος καὶ τὸ δημοτικὸν συμβούλιον ἀπεφάσισαν τὴν ἐκτέλεσιν τοῦ ἔργου ὁ ὁποῖος θὰ συμπληρωθῇ ἐντὸς τοῦ τρέχοντος μηνὸς καὶ ἡ κατάστασις τῶν ὁδῶν τῆς πόλεως θὰ βελτιωθῇ σημαντικῶς ἐν τῷ μεταξὺ οἱ κάτοικοι ἀναμένουν μετὰ ἀνυπομονησίας τὰς ἀποφάσεις τῆς ἐπιτροπῆς καὶ τὴν ἔναρξιν τῶν ἐργασιῶν εἰς τὰς συνοικίας τῆς ἀνατολικῆς πλευρᾶς ὅπου ἡ ἀνάγκη εἶνε μεγαλυτέρα Ὁ δήμαρχος καὶ τὸ δημοτικὸν συμβούλιον ἀπεφάσισαν τὴν ἐκτέλεσιν τοῦ ἔργου ὁ ὁποῖος θὰ συμπληρωθῇ ἐντὸς τοῦ τρέχοντος μηνὸς καὶ ἡ κατάστασις τῶν ὁδῶν τῆς πόλεως θὰ βελτιωθῇ σημαντικῶς ἐν τῷ μεταξὺ οἱ κάτοικοι ἀναμένουν μετὰ ἀνυπομονησίας τὰς ἀποφάσεις τῆς ἐπιτροπῆς καὶ τὴν ἔναρξιν τῶν ἐργασιῶν εἰς τὰς συνοικίας τῆς ἀνατολικῆς πλευρᾶς ὅπου ἡ ἀνάγκη εἶνε μεγαλυτέρα Ὁ δήμαρχος καὶ τὸ δημοτικὸν συμβούλιον ἀπεφάσισαν τὴν ἐκτέλεσιν τοῦ ἔργου ὁ ὁποῖος θὰ συμπληρωθῇ ἐντὸς τοῦ τρέχοντος μηνὸς καὶ ἡ κατάστασις τῶν ὁδῶν τῆς πόλεως θὰ βελτιωθῇ σημαντικῶς ἐν τῷ μεταξὺ οἱ κάτοικοι ἀναμένουν μετὰ ἀνυπομονησίας τὰς ἀποφάσεις τῆς ἐπιτροπῆς καὶ τὴν ἔναρξιν τῶν ἐργασιῶν εἰς τὰς συνοικίας τῆς ἀνατολικῆς πλευρᾶς ὅπου ἡ ἀνάγκη εἶνε μεγαλυτέρα Ὁ δήμαρχος καὶ τὸ δημοτικὸν συμβούλιον ἀπεφάσισαν τὴν ἐκτέλεσιν τοῦ ἔργου ὁ ὁποῖος θὰ συμπληρωθῇ ἐντὸς τοῦ τρέχοντος μηνὸς καὶ ἡ κατάστασις τῶν ὁδῶν τῆς πόλεως θὰ βελτιωθῇ σημαντικῶς ἐν τῷ μεταξὺ οἱ κάτοικοι ἀναμένουν μετὰ ἀνυπομονησίας τὰς ἀποφάσεις τῆς ἐπιτροπῆς καὶ τὴν ἔναρξιν τῶν ἐργασιῶν εἰς τὰς συνοικίας τῆς ἀνατολικῆς πλευρᾶς ὅπου ἡ ἀνάγκη εἶνε μεγαλυτέρα Ὁ δήμαρχος καὶ τὸ δημοτικὸν συμβούλιον ἀπεφάσισαν τὴν ἐκτέλεσιν τοῦ ἔργου ὁ ὁποῖος θὰ συμπληρωθῇ ἐντὸς τοῦ τρέχοντος μηνὸς καὶ ἡ κατάστασις τῶν ὁδῶν τῆς πόλεως θὰ βελτιωθῇ σημαντικῶς ἐν τῷ μεταξὺ οἱ κάτοικοι ἀναμένουν μετὰ ἀνυπομονησίας τὰς ἀποφάσεις τῆς ἐπιτροπῆς καὶ τὴν ἔναρξιν τῶν ἐργασιῶν εἰς τὰς συνοικίας τῆς ἀνατολικῆς πλευρᾶς ὅπου ἡ ἀνάγκη εἶνε μεγαλυτέρα
ΣΥΛΛΟΓΟΙ & ΣΩΜΑΤΕΙΑ
Ἡ ἑορτή τῶν Κλεισουριέων
Ὁ δήμαρχος καὶ τὸ δημοτικὸν συμβούλιον ἀπεφάσισαν τὴν ἐκτέλεσιν τοῦ ἔργου ὁ ὁποῖος θὰ συμπληρωθῇ ἐντὸς τοῦ τρέχοντος μηνὸς καὶ ἡ κατάστασις τῶν ὁδῶν τῆς πόλεως θὰ βελτιωθῇ σημαντικῶς ἐν τῷ μεταξὺ οἱ κάτοικοι ἀναμένουν μετὰ ἀνυπομονησίας τὰς ἀποφάσεις τῆς ἐπιτροπῆς καὶ τὴν ἔναρξιν τῶν ἐργασιῶν εἰς τὰς συνοικίας τῆς ἀνατολικῆς πλευρᾶς ὅπου ἡ ἀνάγκη εἶνε μεγαλυτέρα Ὁ δήμαρχος καὶ τὸ δημοτικὸν συμβούλιον ἀπεφάσισαν τὴν ἐκτέλεσιν τοῦ ἔργου ὁ ὁποῖος θὰ συμπληρωθῇ ἐντὸς τοῦ τρέχοντος μηνὸς καὶ ἡ κατάστασις τῶν ὁδῶν τῆς πόλεως θὰ βελτιωθῇ σημαντικῶς ἐν τῷ μεταξὺ οἱ κάτοικοι ἀναμένουν μετὰ ἀνυπομονησίας τὰς ἀποφάσεις τῆς ἐπιτροπῆς καὶ τὴν ἔναρξιν τῶν ἐργασιῶν εἰς τὰς συνοικίας τῆς ἀνατολικῆς πλευρᾶς ὅπου ἡ ἀνάγκη εἶνε μεγαλυτέρα Ὁ δήμαρχος καὶ τὸ δημοτικὸν συμβούλιον ἀπεφάσισαν τὴν ἐκτέλεσιν τοῦ ἔργου ὁ ὁποῖος θὰ συμπληρωθῇ ἐντὸς τοῦ τρέχοντος μηνὸς καὶ ἡ κατάστασις τῶν ὁδῶν τῆς πόλεως θὰ βελτιωθῇ σημαντικῶς ἐν τῷ μεταξὺ οἱ κάτοικοι ἀναμένουν μετὰ ἀνυπομονησίας τὰς ἀποφάσεις τῆς ἐπιτροπῆς καὶ τὴν ἔναρξιν τῶν ἐργασιῶν εἰς τὰς συνοικίας τῆς ἀνατολικῆς πλευρᾶς ὅπου ἡ ἀνάγκη εἶνε μεγαλυτέρα Ὁ δήμαρχος καὶ τὸ δημοτικὸν συμβούλιον ἀπεφάσισαν τὴν ἐκτέλεσιν τοῦ ἔργου ὁ ὁποῖος θὰ συμπληρωθῇ ἐντὸς τοῦ τρέχοντος μηνὸς καὶ ἡ κατάστασις τῶν ὁδῶν τῆς πόλεως θὰ βελτιωθῇ σημαντικῶς ἐν τῷ μεταξὺ οἱ κάτοικοι ἀναμένουν μετὰ ἀνυπομονησίας τὰς ἀποφάσεις τῆς ἐπιτροπῆς καὶ τὴν ἔναρξιν τῶν ἐργασιῶν εἰς τὰς συνοικίας τῆς ἀνατολικῆς πλευρᾶς ὅπου ἡ ἀνάγκη εἶνε μεγαλυτέρα Ὁ δήμαρχος καὶ τὸ δημοτικὸν συμβούλιον ἀπεφάσισαν τὴν ἐκτέλεσιν τοῦ ἔργου ὁ ὁποῖος θὰ συμπληρωθῇ ἐντὸς τοῦ τρέχοντος μηνὸς καὶ ἡ κατάστασις τῶν ὁδῶν τῆς πόλεως θὰ βελτιωθῇ σημαντικῶς ἐν τῷ μεταξὺ οἱ κάτοικοι ἀναμένουν μετὰ ἀνυπομονησίας τὰς ἀποφάσεις τῆς ἐπιτροπῆς καὶ τὴν ἔναρξιν τῶν ἐργασιῶν εἰς τὰς συνοικίας τῆς ἀνατολικῆς πλευρᾶς ὅπου ἡ ἀνάγκη εἶνε μεγαλυτέρα
Ἐπάνοδος ἰατροῦ
Ὁ δήμαρχος καὶ τὸ δημοτικὸν συμβούλιον ἀπεφάσισαν τὴν ἐκτέλεσιν τοῦ ἔργου ὁ ὁποῖος θὰ συμπληρωθῇ ἐντὸς τοῦ τρέχοντος μηνὸς καὶ ἡ κατάστασις τῶν ὁδῶν τῆς πόλεως θὰ βελτιωθῇ σημαντικῶς ἐν τῷ μεταξὺ οἱ κάτοικοι ἀναμένουν μετὰ ἀνυπομονησίας τὰς ἀποφάσεις τῆς ἐπιτροπῆς καὶ τὴν ἔναρξιν τῶν ἐργασιῶν εἰς τὰς συνοικίας τῆς ἀνατολικῆς πλευρᾶς ὅπου ἡ ἀνάγκη εἶνε μεγαλυτέρα Ὁ δήμαρχος καὶ τὸ δημοτικὸν συμβούλιον ἀπεφάσισαν τὴν ἐκτέλεσιν τοῦ ἔργου ὁ ὁποῖος θὰ συμπληρωθῇ ἐντὸς τοῦ τρέχοντος μηνὸς καὶ ἡ κατάστασις τῶν ὁδῶν τῆς πόλεως θὰ βελτιωθῇ σημαντικῶς ἐν τῷ μεταξὺ οἱ κάτοικοι ἀναμένουν μετὰ ἀνυπομονησίας τὰς ἀποφάσεις τῆς ἐπιτροπῆς καὶ τὴν ἔναρξιν τῶν ἐργασιῶν εἰς τὰς συνοικίας τῆς ἀνατολικῆς πλευρᾶς ὅπου ἡ ἀνάγκη εἶνε μεγαλυτέρα Ὁ δήμαρχος καὶ τὸ δημοτικὸν συμβούλιον ἀπεφάσισαν τὴν ἐκτέλεσιν τοῦ ἔργου ὁ ὁποῖος θὰ συμπληρωθῇ ἐντὸς τοῦ τρέχοντος μηνὸς καὶ ἡ κατάστασις τῶν ὁδῶν τῆς πόλεως θὰ βελτιωθῇ σημαντικῶς ἐν τῷ μεταξὺ οἱ κάτοικοι ἀναμένουν μετὰ ἀνυπομονησίας τὰς ἀποφάσεις τῆς ἐπιτροπῆς καὶ τὴν ἔναρξιν τῶν ἐργασιῶν εἰς τὰς συνοικίας τῆς ἀνατολικῆς πλευρᾶς ὅπου ἡ ἀνάγκη εἶνε μεγαλυτέρα Ὁ δήμαρχος καὶ τὸ δημοτικὸν συμβούλιον ἀπεφάσισαν τὴν ἐκτέλεσιν τοῦ ἔργου ὁ ὁποῖος θὰ συμπληρωθῇ ἐντὸς τοῦ τρέχοντος μηνὸς καὶ ἡ κατάστασις τῶν ὁδῶν τῆς πόλεως θὰ βελτιωθῇ σημαντικῶς ἐν τῷ μεταξὺ οἱ κάτοικοι ἀναμένουν μετὰ ἀνυπομονησίας τὰς ἀποφάσεις τῆς ἐπιτροπῆς καὶ τὴν ἔναρξιν τῶν ἐργασιῶν εἰς τὰς συνοικίας τῆς ἀνατολικῆς πλευρᾶς ὅπου ἡ ἀνάγκη εἶνε μεγαλυτέρα Ὁ δήμαρχος καὶ τὸ δημοτικὸν συμβούλιον ἀπεφάσισαν τὴν ἐκτέλεσιν τοῦ ἔργου ὁ ὁποῖος θὰ συμπληρωθῇ ἐντὸς τοῦ τρέχοντος μηνὸς καὶ ἡ κατάστασις τῶν ὁδῶν τῆς πόλεως θὰ βελτιωθῇ σημαντικῶς ἐν τῷ μεταξὺ οἱ κάτοικοι ἀναμένουν μετὰ ἀνυπομονησίας τὰς ἀποφάσεις τῆς ἐπιτροπῆς καὶ τὴν ἔναρξιν τῶν ἐργασιῶν εἰς τὰς συνοικίας τῆς ἀνατολικῆς πλευρᾶς ὅπου ἡ ἀνάγκη εἶνε μεγαλυτέρα
ΤΟ ΒΗΜΑ ΤΩΝ
ΕΠΑΡΧΙΩΝ
ΑΠΟ ΤΗΝ ΞΑΝΘΗΝ
Ο ΕΠΙΤΥΧΗΣ ΧΟΡΟΣ
ΤΩΝ ΕΦΕΔΡΩΝ ΑΞΙΩΜΑΤΙΚΩΝ
Η ΕΚΛΟΓΗ ΤΗΣ «ΜΙΣ»
Ὁ δήμαρχος καὶ τὸ δημοτικὸν συμβούλιον ἀπεφάσισαν τὴν ἐκτέλεσιν τοῦ ἔργου ὁ ὁποῖος θὰ συμπληρωθῇ ἐντὸς τοῦ τρέχοντος μηνὸς καὶ ἡ κατάστασις τῶν ὁδῶν τῆς πόλεως θὰ βελτιωθῇ σημαντικῶς ἐν τῷ μεταξὺ οἱ κάτοικοι ἀναμένουν μετὰ ἀνυπομονησίας τὰς ἀποφάσεις τῆς ἐπιτροπῆς καὶ τὴν ἔναρξιν τῶν ἐργασιῶν εἰς τὰς συνοικίας τῆς ἀνατολικῆς πλευρᾶς ὅπου ἡ ἀνάγκη εἶνε μεγαλυτέρα Ὁ δήμαρχος καὶ τὸ δημοτικὸν συμβούλιον ἀπεφάσισαν τὴν ἐκτέλεσιν τοῦ ἔργου ὁ ὁποῖος θὰ συμπληρωθῇ ἐντὸς τοῦ τρέχοντος μηνὸς καὶ ἡ κατάστασις τῶν ὁδῶν τῆς πόλεως θὰ βελτιωθῇ σημαντικῶς ἐν τῷ μεταξὺ οἱ κάτοικοι ἀναμένουν μετὰ ἀνυπομονησίας τὰς ἀποφάσεις τῆς ἐπιτροπῆς καὶ τὴν ἔναρξιν τῶν ἐργασιῶν εἰς τὰς συνοικίας τῆς ἀνατολικῆς πλευρᾶς ὅπου ἡ ἀνάγκη εἶνε μεγαλυτέρα Ὁ δήμαρχος καὶ τὸ δημοτικὸν συμβούλιον ἀπεφάσισαν τὴν ἐκτέλεσιν τοῦ ἔργου ὁ ὁποῖος θὰ συμπληρωθῇ ἐντὸς τοῦ τρέχοντος μηνὸς καὶ ἡ κατάστασις τῶν ὁδῶν τῆς πόλεως θὰ βελτιωθῇ σημαντικῶς ἐν τῷ μεταξὺ οἱ κάτοικοι ἀναμένουν μετὰ ἀνυπομονησίας τὰς ἀποφάσεις τῆς ἐπιτροπῆς καὶ τὴν ἔναρξιν τῶν ἐργασιῶν εἰς τὰς συνοικίας τῆς ἀνατολικῆς πλευρᾶς ὅπου ἡ ἀνάγκη εἶνε μεγαλυτέρα Ὁ δήμαρχος καὶ τὸ δημοτικὸν συμβούλιον ἀπεφάσισαν τὴν ἐκτέλεσιν τοῦ ἔργου ὁ ὁποῖος θὰ συμπληρωθῇ ἐντὸς τοῦ τρέχοντος μηνὸς καὶ ἡ κατάστασις τῶν ὁδῶν τῆς πόλεως θὰ βελτιωθῇ σημαντικῶς ἐν τῷ μεταξὺ οἱ κάτοικοι ἀναμένουν μετὰ ἀνυπομονησίας τὰς ἀποφάσεις τῆς ἐπιτροπῆς καὶ τὴν ἔναρξιν τῶν ἐργασιῶν εἰς τὰς συνοικίας τῆς ἀνατολικῆς πλευρᾶς ὅπου ἡ ἀνάγκη εἶνε μεγαλυτέρα Ὁ δήμαρχος καὶ τὸ δημοτικὸν συμβούλιον ἀπεφάσισαν τὴν ἐκτέλεσιν τοῦ ἔργου ὁ ὁποῖος θὰ συμπληρωθῇ ἐντὸς τοῦ τρέχοντος μηνὸς καὶ ἡ κατάστασις τῶν ὁδῶν τῆς πόλεως θὰ βελτιωθῇ σημαντικῶς ἐν τῷ μεταξὺ οἱ κάτοικοι ἀναμένουν μετὰ ἀνυπομονησίας τὰς ἀποφάσεις τῆς ἐπιτροπῆς καὶ τὴν ἔναρξιν τῶν ἐργασιῶν εἰς τὰς συνοικίας τῆς ἀνατολικῆς πλευρᾶς ὅπου ἡ ἀνάγκη εἶνε μεγαλυτέρα
Ἡ μις Ξάνθης δίς
Εὐφροσύνη Κουλακίδου
Ὁ δήμαρχος καὶ τὸ δημοτικὸν συμβούλιον ἀπεφάσισαν τὴν ἐκτέλεσιν τοῦ ἔργου ὁ ὁποῖος θὰ συμπληρωθῇ ἐντὸς τοῦ τρέχοντος μηνὸς καὶ ἡ κατάστασις τῶν ὁδῶν τῆς πόλεως θὰ βελτιωθῇ σημαντικῶς ἐν τῷ μεταξὺ οἱ κάτοικοι ἀναμένουν μετὰ ἀνυπομονησίας τὰς ἀποφάσεις τῆς ἐπιτροπῆς καὶ τὴν ἔναρξιν τῶν ἐργασιῶν εἰς τὰς συνοικίας τῆς ἀνατολικῆς πλευρᾶς ὅπου ἡ ἀνάγκη εἶνε μεγαλυτέρα Ὁ δήμαρχος καὶ τὸ δημοτικὸν συμβούλιον ἀπεφάσισαν τὴν ἐκτέλεσιν τοῦ ἔργου ὁ ὁποῖος θὰ συμπληρωθῇ ἐντὸς τοῦ τρέχοντος μηνὸς καὶ ἡ κατάστασις τῶν ὁδῶν τῆς πόλεως θὰ βελτιωθῇ σημαντικῶς ἐν τῷ μεταξὺ οἱ κάτοικοι ἀναμένουν μετὰ ἀνυπομονησίας τὰς ἀποφάσεις τῆς ἐπιτροπῆς καὶ τὴν ἔναρξιν τῶν ἐργασιῶν εἰς τὰς συνοικίας τῆς ἀνατολικῆς πλευρᾶς ὅπου ἡ ἀνάγκη εἶνε μεγαλυτέρα Ὁ δήμαρχος καὶ τὸ δημοτικὸν συμβούλιον ἀπεφάσισαν τὴν ἐκτέλεσιν τοῦ ἔργου ὁ ὁποῖος θὰ συμπληρωθῇ ἐντὸς τοῦ τρέχοντος μηνὸς καὶ ἡ κατάστασις τῶν ὁδῶν τῆς πόλεως θὰ βελτιωθῇ σημαντικῶς ἐν τῷ μεταξὺ οἱ κάτοικοι ἀναμένουν μετὰ ἀνυπομονησίας τὰς ἀποφάσεις τῆς ἐπιτροπῆς καὶ τὴν ἔναρξιν τῶν ἐργασιῶν εἰς τὰς συνοικίας τῆς ἀνατολικῆς πλευρᾶς ὅπου ἡ ἀνάγκη εἶνε μεγαλυτέρα Ὁ δήμαρχος καὶ τὸ δημοτικὸν συμβούλιον ἀπεφάσισαν τὴν ἐκτέλεσιν τοῦ ἔργου ὁ ὁποῖος θὰ συμπληρωθῇ ἐντὸς τοῦ τρέχοντος μηνὸς καὶ ἡ κατάστασις τῶν ὁδῶν τῆς πόλεως θὰ βελτιωθῇ σημαντικῶς ἐν τῷ μεταξὺ οἱ κάτοικοι ἀναμένουν μετὰ ἀνυπομονησίας τὰς ἀποφάσεις τῆς ἐπιτροπῆς καὶ τὴν ἔναρξιν τῶν ἐργασιῶν εἰς τὰς συνοικίας τῆς ἀνατολικῆς πλευρᾶς ὅπου ἡ ἀνάγκη εἶνε μεγαλυτέρα Ὁ δήμαρχος καὶ τὸ δημοτικὸν συμβούλιον ἀπεφάσισαν τὴν ἐκτέλεσιν τοῦ ἔργου ὁ ὁποῖος θὰ συμπληρωθῇ ἐντὸς τοῦ τρέχοντος μηνὸς καὶ ἡ κατάστασις τῶν ὁδῶν τῆς πόλεως θὰ βελτιωθῇ σημαντικῶς ἐν τῷ μεταξὺ οἱ κάτοικοι ἀναμένουν μετὰ ἀνυπομονησίας τὰς ἀποφάσεις τῆς ἐπιτροπῆς καὶ τὴν ἔναρξιν τῶν ἐργασιῶν εἰς τὰς συνοικίας τῆς ἀνατολικῆς πλευρᾶς ὅπου ἡ ἀνάγκη εἶνε μεγαλυτέρα
ΑΠΟ ΤΗΝ ΟΡΕΣΤΙΑΔΑ
ΑΦΙΞΕΙΣ
ΤΩΝ ΒΟΥΛΕΥΤΩΝ ΕΒΡΟΥ
ΑΙ ΕΝΕΡΓΕΙΑΙ ΤΩΝ
Ὁ δήμαρχος καὶ τὸ δημοτικὸν συμβούλιον ἀπεφάσισαν τὴν ἐκτέλεσιν τοῦ ἔργου ὁ ὁποῖος θὰ συμπληρωθῇ ἐντὸς τοῦ τρέχοντος μηνὸς καὶ ἡ κατάστασις τῶν ὁδῶν τῆς πόλεως θὰ βελτιωθῇ σημαντικῶς ἐν τῷ μεταξὺ οἱ κάτοικοι ἀναμένουν μετὰ ἀνυπομονησίας τὰς ἀποφάσεις τῆς ἐπιτροπῆς καὶ τὴν ἔναρξιν τῶν ἐργασιῶν εἰς τὰς συνοικίας τῆς ἀνατολικῆς πλευρᾶς ὅπου ἡ ἀνάγκη εἶνε μεγαλυτέρα Ὁ δήμαρχος καὶ τὸ δημοτικὸν συμβούλιον ἀπεφάσισαν τὴν ἐκτέλεσιν τοῦ ἔργου ὁ ὁποῖος θὰ συμπληρωθῇ ἐντὸς τοῦ τρέχοντος μηνὸς καὶ ἡ κατάστασις τῶν ὁδῶν τῆς πόλεως θὰ βελτιωθῇ σημαντικῶς ἐν τῷ μεταξὺ οἱ κάτοικοι ἀναμένουν μετὰ ἀνυπομονησίας τὰς ἀποφάσεις τῆς ἐπιτροπῆς καὶ τὴν ἔναρξιν τῶν ἐργασιῶν εἰς τὰς συνοικίας τῆς ἀνατολικῆς πλευρᾶς ὅπου ἡ ἀνάγκη εἶνε μεγαλυτέρα Ὁ δήμαρχος καὶ τὸ δημοτικὸν συμβούλιον ἀπεφάσισαν τὴν ἐκτέλεσιν τοῦ ἔργου ὁ ὁποῖος θὰ συμπληρωθῇ ἐντὸς τοῦ τρέχοντος μηνὸς καὶ ἡ κατάστασις τῶν ὁδῶν τῆς πόλεως θὰ βελτιωθῇ σημαντικῶς ἐν τῷ μεταξὺ οἱ κάτοικοι ἀναμένουν μετὰ ἀνυπομονησίας τὰς ἀποφάσεις τῆς ἐπιτροπῆς καὶ τὴν ἔναρξιν τῶν ἐργασιῶν εἰς τὰς συνοικίας τῆς ἀνατολικῆς πλευρᾶς ὅπου ἡ ἀνάγκη εἶνε μεγαλυτέρα Ὁ δήμαρχος καὶ τὸ δημοτικὸν συμβούλιον ἀπεφάσισαν τὴν ἐκτέλεσιν τοῦ ἔργου ὁ ὁποῖος θὰ συμπληρωθῇ ἐντὸς τοῦ τρέχοντος μηνὸς καὶ ἡ κατάστασις τῶν ὁδῶν τῆς πόλεως θὰ βελτιωθῇ σημαντικῶς ἐν τῷ μεταξὺ οἱ κάτοικοι ἀναμένουν μετὰ ἀνυπομονησίας τὰς ἀποφάσεις τῆς ἐπιτροπῆς καὶ τὴν ἔναρξιν τῶν ἐργασιῶν εἰς τὰς συνοικίας τῆς ἀνατολικῆς πλευρᾶς ὅπου ἡ ἀνάγκη εἶνε μεγαλυτέρα Ὁ δήμαρχος καὶ τὸ δημοτικὸν συμβούλιον ἀπεφάσισαν τὴν ἐκτέλεσιν τοῦ ἔργου ὁ ὁποῖος θὰ συμπληρωθῇ ἐντὸς τοῦ τρέχοντος μηνὸς καὶ ἡ κατάστασις τῶν ὁδῶν τῆς πόλεως θὰ βελτιωθῇ σημαντικῶς ἐν τῷ μεταξὺ οἱ κάτοικοι ἀναμένουν μετὰ ἀνυπομονησίας τὰς ἀποφάσεις τῆς ἐπιτροπῆς καὶ τὴν ἔναρξιν τῶν ἐργασιῶν εἰς τὰς συνοικίας τῆς ἀνατολικῆς πλευρᾶς ὅπου ἡ ἀνάγκη εἶνε μεγαλυτέρα
Σταύρος Κ. Βαχόπουλος
ΧΟΡΟΣ
ΣΥΝΔΕΣΜΟΥ ΕΦΕΔΡΩΝ ΑΞΙΩΜΑΤΙΚΩΝ
14 ΜΑΡΤΙΟΥ
ΜΕΝΤΙΤΕΡΑΝΕΑΝ
Ἐκλογή τῆς Βασιλίσσης τῆς Θεσσαλονίκης καί Κινηματογράφησις.
ΕΝΔΥΜΑ ΑΥΣΤΗΡΩΣ ΕΠΙΣΗΜΟΝ
Ὁ δήμαρχος καὶ τὸ δημοτικὸν συμβούλιον ἀπεφάσισαν τὴν ἐκτέλεσιν τοῦ ἔργου ὁ ὁποῖος θὰ συμπληρωθῇ ἐντὸς τοῦ τρέχοντος μηνὸς καὶ ἡ κατάστασις τῶν ὁδῶν τῆς πόλεως θὰ βελτιωθῇ σημαντικῶς ἐν τῷ μεταξὺ οἱ κάτοικοι ἀναμένουν μετὰ ἀνυπομονησίας τὰς ἀποφάσεις τῆς ἐπιτροπῆς καὶ τὴν ἔναρξιν τῶν ἐργασιῶν εἰς τὰς συνοικίας τῆς ἀνατολικῆς πλευρᾶς ὅπου ἡ ἀνάγκη εἶνε μεγαλυτέρα Ὁ δήμαρχος καὶ τὸ δημοτικὸν συμβούλιον ἀπεφάσισαν τὴν ἐκτέλεσιν τοῦ ἔργου ὁ ὁποῖος θὰ συμπληρωθῇ ἐντὸς τοῦ τρέχοντος μηνὸς καὶ ἡ κατάστασις τῶν ὁδῶν τῆς πόλεως θὰ βελτιωθῇ σημαντικῶς ἐν τῷ μεταξὺ οἱ κάτοικοι ἀναμένουν μετὰ ἀνυπομονησίας τὰς ἀποφάσεις τῆς ἐπιτροπῆς καὶ τὴν ἔναρξιν τῶν ἐργασιῶν εἰς τὰς συνοικίας τῆς ἀνατολικῆς πλευρᾶς ὅπου ἡ ἀνάγκη εἶνε μεγαλυτέρα Ὁ δήμαρχος καὶ τὸ δημοτικὸν συμβούλιον ἀπεφάσισαν τὴν ἐκτέλεσιν τοῦ ἔργου ὁ ὁποῖος θὰ συμπληρωθῇ ἐντὸς τοῦ τρέχοντος μηνὸς καὶ ἡ κατάστασις τῶν ὁδῶν τῆς πόλεως θὰ βελτιωθῇ σημαντικῶς ἐν τῷ μεταξὺ οἱ κάτοικοι ἀναμένουν μετὰ ἀνυπομονησίας τὰς ἀποφάσεις τῆς ἐπιτροπῆς καὶ τὴν ἔναρξιν τῶν ἐργασιῶν εἰς τὰς συνοικίας τῆς ἀνατολικῆς πλευρᾶς ὅπου ἡ ἀνάγκη εἶνε μεγαλυτέρα Ὁ δήμαρχος καὶ τὸ δημοτικὸν συμβούλιον ἀπεφάσισαν τὴν ἐκτέλεσιν τοῦ ἔργου ὁ ὁποῖος θὰ συμπληρωθῇ ἐντὸς τοῦ τρέχοντος μηνὸς καὶ ἡ κατάστασις τῶν ὁδῶν τῆς πόλεως θὰ βελτιωθῇ σημαντικῶς ἐν τῷ μεταξὺ οἱ κάτοικοι ἀναμένουν μετὰ ἀνυπομονησίας τὰς ἀποφάσεις τῆς ἐπιτροπῆς καὶ τὴν ἔναρξιν τῶν ἐργασιῶν εἰς τὰς συνοικίας τῆς ἀνατολικῆς πλευρᾶς ὅπου ἡ ἀνάγκη εἶνε μεγαλυτέρα Ὁ δήμαρχος καὶ τὸ δημοτικὸν συμβούλιον ἀπεφάσισαν τὴν ἐκτέλεσιν τοῦ ἔργου ὁ ὁποῖος θὰ συμπληρωθῇ ἐντὸς τοῦ τρέχοντος μηνὸς καὶ ἡ κατάστασις τῶν ὁδῶν τῆς πόλεως θὰ βελτιωθῇ σημαντικῶς ἐν τῷ μεταξὺ οἱ κάτοικοι ἀναμένουν μετὰ ἀνυπομονησίας τὰς ἀποφάσεις τῆς ἐπιτροπῆς καὶ τὴν ἔναρξιν τῶν ἐργασιῶν εἰς τὰς συνοικίας τῆς ἀνατολικῆς πλευρᾶς ὅπου ἡ ἀνάγκη εἶνε μεγαλυτέρα
ΝΑΥΤΙΚΟΝ ΓΡΑΦΕΙΟΝ Γ. ΔΟΥΚΑΣ
Τό ταχύπλουν ἀτμόπλοιον
"ΕΝΩΣΙΣ"
τυρισκόμενον ἐντελῶς ὑπό φορτοεκφόρτωσιν ἀναχωρήσει Τετάρτην, 11 Μαρτίου κατ' εὐθεῖαν Πειραιᾶ-Πάτρας δεχόμενον ἐμπορεύματα.
Πρακτορεῖον Μαγ. Ἀλεξάνδρου 4.
ΤΑ "ΔΙΟΝΥΣΙΑ"
ἑορτάζουν τήν ἑβδομάδα τῆς Ἀπόκρεω μέ ἕνα ἔργον ἐφάμιλλον μέ τό «Διαμάντι τοῦ Τσάρου», τήν θαυμασίαν ὀπερέττα τῆς «ΟΥΦΑ»
Η ΚΥΡΙΑ ΜΕ ΤΗΝ ΜΑΣΚΑ
μέ 4 μεγάλους ἀστέρας τους
ΑΡΑΞΤ ΜΑΡΣΑΛ-ΧΥΙΤΑ ΠΑΡΛΟ-ΒΛΑΔΙΜΗΡΟΝ ΓΚΑΪΝΤΑΡΦΦ
καί ὁ Α'/ΝΡΙΧ ΓΚΕΩΡΓΚΕ (Βίλωτες)
ΚΑΙ ΕΠΕΙΤΑ 4 ΥΙΟΙ
ΤΟ ΑΘΑΝΑΤΟΝ ΕΡΓΟΝ ΤΟΥ ΠΙΕΡ ΛΟΤΙ
Η ΑΠΟΓΟΗΤΕΥΜΕΝΕΣ
ΕΡΩΤΕΣ, ΠΑΘΗ & ΜΙΣΗ ΠΙΣΩ ΑΠΟ ΤΑ ΚΑΦΑΣΩΤΑ ΤΟΥ ΧΑΡΕΜΙΟΥ
ΗΜΕΡΑ 100ΗΝ
Ὁ δήμαρχος καὶ τὸ δημοτικὸν συμβούλιον ἀπεφάσισαν τὴν ἐκτέλεσιν τοῦ ἔργου ὁ ὁποῖος θὰ συμπληρωθῇ ἐντὸς τοῦ τρέχοντος μηνὸς καὶ ἡ κατάστασις τῶν ὁδῶν τῆς πόλεως θὰ βελτιωθῇ σημαντικῶς ἐν τῷ μεταξὺ οἱ κάτοικοι ἀναμένουν μετὰ ἀνυπομονησίας τὰς ἀποφάσεις τῆς ἐπιτροπῆς καὶ τὴν ἔναρξιν τῶν ἐργασιῶν εἰς τὰς συνοικίας τῆς ἀνατολικῆς πλευρᾶς ὅπου ἡ ἀνάγκη εἶνε μεγαλυτέρα Ὁ δήμαρχος καὶ τὸ δημοτικὸν συμβούλιον ἀπεφάσισαν τὴν ἐκτέλεσιν τοῦ ἔργου ὁ ὁποῖος θὰ συμπληρωθῇ ἐντὸς τοῦ τρέχοντος μηνὸς καὶ ἡ κατάστασις τῶν ὁδῶν τῆς πόλεως θὰ βελτιωθῇ σημαντικῶς ἐν τῷ μεταξὺ οἱ κάτοικοι ἀναμένουν μετὰ ἀνυπομονησίας τὰς ἀποφάσεις τῆς ἐπιτροπῆς καὶ τὴν ἔναρξιν τῶν ἐργασιῶν εἰς τὰς συνοικίας τῆς ἀνατολικῆς πλευρᾶς ὅπου ἡ ἀνάγκη εἶνε μεγαλυτέρα Ὁ δήμαρχος καὶ τὸ δημοτικὸν συμβούλιον ἀπεφάσισαν τὴν ἐκτέλεσιν τοῦ ἔργου ὁ ὁποῖος θὰ συμπληρωθῇ ἐντὸς τοῦ τρέχοντος μηνὸς καὶ ἡ κατάστασις τῶν ὁδῶν τῆς πόλεως θὰ βελτιωθῇ σημαντικῶς ἐν τῷ μεταξὺ οἱ κάτοικοι ἀναμένουν μετὰ ἀνυπομονησίας τὰς ἀποφάσεις τῆς ἐπιτροπῆς καὶ τὴν ἔναρξιν τῶν ἐργασιῶν εἰς τὰς συνοικίας τῆς ἀνατολικῆς πλευρᾶς ὅπου ἡ ἀνάγκη εἶνε μεγαλυτέρα Ὁ δήμαρχος καὶ τὸ δημοτικὸν συμβούλιον ἀπεφάσισαν τὴν ἐκτέλεσιν τοῦ ἔργου ὁ ὁποῖος θὰ συμπληρωθῇ ἐντὸς τοῦ τρέχοντος μηνὸς καὶ ἡ κατάστασις τῶν ὁδῶν τῆς πόλεως θὰ βελτιωθῇ σημαντικῶς ἐν τῷ μεταξὺ οἱ κάτοικοι ἀναμένουν μετὰ ἀνυπομονησίας τὰς ἀποφάσεις τῆς ἐπιτροπῆς καὶ τὴν ἔναρξιν τῶν ἐργασιῶν εἰς τὰς συνοικίας τῆς ἀνατολικῆς πλευρᾶς ὅπου ἡ ἀνάγκη εἶνε μεγαλυτέρα Ὁ δήμαρχος καὶ τὸ δημοτικὸν συμβούλιον ἀπεφάσισαν τὴν ἐκτέλεσιν τοῦ ἔργου ὁ ὁποῖος θὰ συμπληρωθῇ ἐντὸς τοῦ τρέχοντος μηνὸς καὶ ἡ κατάστασις τῶν ὁδῶν τῆς πόλεως θὰ βελτιωθῇ σημαντικῶς ἐν τῷ μεταξὺ οἱ κάτοικοι ἀναμένουν μετὰ ἀνυπομονησίας τὰς ἀποφάσεις τῆς ἐπιτροπῆς καὶ τὴν ἔναρξιν τῶν ἐργασιῶν εἰς τὰς συνοικίας τῆς ἀνατολικῆς πλευρᾶς ὅπου ἡ ἀνάγκη εἶνε μεγαλυτέρα
XXIIII
Ὁ δήμαρχος καὶ τὸ δημοτικὸν συμβούλιον ἀπεφάσισαν τὴν ἐκτέλεσιν τοῦ ἔργου ὁ ὁποῖος θὰ συμπληρωθῇ ἐντὸς τοῦ τρέχοντος μηνὸς καὶ ἡ κατάστασις τῶν ὁδῶν τῆς πόλεως θὰ βελτιωθῇ σημαντικῶς ἐν τῷ μεταξὺ οἱ κάτοικοι ἀναμένουν μετὰ ἀνυπομονησίας τὰς ἀποφάσεις τῆς ἐπιτροπῆς καὶ τὴν ἔναρξιν τῶν ἐργασιῶν εἰς τὰς συνοικίας τῆς ἀνατολικῆς πλευρᾶς ὅπου ἡ ἀνάγκη εἶνε μεγαλυτέρα Ὁ δήμαρχος καὶ τὸ δημοτικὸν συμβούλιον ἀπεφάσισαν τὴν ἐκτέλεσιν τοῦ ἔργου ὁ ὁποῖος θὰ συμπληρωθῇ ἐντὸς τοῦ τρέχοντος μηνὸς καὶ ἡ κατάστασις τῶν ὁδῶν τῆς πόλεως θὰ βελτιωθῇ σημαντικῶς ἐν τῷ μεταξὺ οἱ κάτοικοι ἀναμένουν μετὰ ἀνυπομονησίας τὰς ἀποφάσεις τῆς ἐπιτροπῆς καὶ τὴν ἔναρξιν τῶν ἐργασιῶν εἰς τὰς συνοικίας τῆς ἀνατολικῆς πλευρᾶς ὅπου ἡ ἀνάγκη εἶνε μεγαλυτέρα Ὁ δήμαρχος καὶ τὸ δημοτικὸν συμβούλιον ἀπεφάσισαν τὴν ἐκτέλεσιν τοῦ ἔργου ὁ ὁποῖος θὰ συμπληρωθῇ ἐντὸς τοῦ τρέχοντος μηνὸς καὶ ἡ κατάστασις τῶν ὁδῶν τῆς πόλεως θὰ βελτιωθῇ σημαντικῶς ἐν τῷ μεταξὺ οἱ κάτοικοι ἀναμένουν μετὰ ἀνυπομονησίας τὰς ἀποφάσεις τῆς ἐπιτροπῆς καὶ τὴν ἔναρξιν τῶν ἐργασιῶν εἰς τὰς συνοικίας τῆς ἀνατολικῆς πλευρᾶς ὅπου ἡ ἀνάγκη εἶνε μεγαλυτέρα Ὁ δήμαρχος καὶ τὸ δημοτικὸν συμβούλιον ἀπεφάσισαν τὴν ἐκτέλεσιν τοῦ ἔργου ὁ ὁποῖος θὰ συμπληρωθῇ ἐντὸς τοῦ τρέχοντος μηνὸς καὶ ἡ κατάστασις τῶν ὁδῶν τῆς πόλεως θὰ βελτιωθῇ σημαντικῶς ἐν τῷ μεταξὺ οἱ κάτοικοι ἀναμένουν μετὰ ἀνυπομονησίας τὰς ἀποφάσεις τῆς ἐπιτροπῆς καὶ τὴν ἔναρξιν τῶν ἐργασιῶν εἰς τὰς συνοικίας τῆς ἀνατολικῆς πλευρᾶς ὅπου ἡ ἀνάγκη εἶνε μεγαλυτέρα Ὁ δήμαρχος καὶ τὸ δημοτικὸν συμβούλιον ἀπεφάσισαν τὴν ἐκτέλεσιν τοῦ ἔργου ὁ ὁποῖος θὰ συμπληρωθῇ ἐντὸς τοῦ τρέχοντος μηνὸς καὶ ἡ κατάστασις τῶν ὁδῶν τῆς πόλεως θὰ βελτιωθῇ σημαντικῶς ἐν τῷ μεταξὺ οἱ κάτοικοι ἀναμένουν μετὰ ἀνυπομονησίας τὰς ἀποφάσεις τῆς ἐπιτροπῆς καὶ τὴν ἔναρξιν τῶν ἐργασιῶν εἰς τὰς συνοικίας τῆς ἀνατολικῆς πλευρᾶς ὅπου ἡ ἀνάγκη εἶνε μεγαλυτέρα
Ὁ δήμαρχος καὶ τὸ δημοτικὸν συμβούλιον ἀπεφάσισαν τὴν ἐκτέλεσιν τοῦ ἔργου ὁ ὁποῖος θὰ συμπληρωθῇ ἐντὸς τοῦ τρέχοντος μηνὸς καὶ ἡ κατάστασις τῶν ὁδῶν τῆς πόλεως θὰ βελτιωθῇ σημαντικῶς ἐν τῷ μεταξὺ οἱ κάτοικοι ἀναμένουν μετὰ ἀνυπομονησίας τὰς ἀποφάσεις τῆς ἐπιτροπῆς καὶ τὴν ἔναρξιν τῶν ἐργασιῶν εἰς τὰς συνοικίας τῆς ἀνατολικῆς πλευρᾶς ὅπου ἡ ἀνάγκη εἶνε μεγαλυτέρα Ὁ δήμαρχος καὶ τὸ δημοτικὸν συμβούλιον ἀπεφάσισαν τὴν ἐκτέλεσιν τοῦ ἔργου ὁ ὁποῖος θὰ συμπληρωθῇ ἐντὸς τοῦ τρέχοντος μηνὸς καὶ ἡ κατάστασις τῶν ὁδῶν τῆς πόλεως θὰ βελτιωθῇ σημαντικῶς ἐν τῷ μεταξὺ οἱ κάτοικοι ἀναμένουν μετὰ ἀνυπομονησίας τὰς ἀποφάσεις τῆς ἐπιτροπῆς καὶ τὴν ἔναρξιν τῶν ἐργασιῶν εἰς τὰς συνοικίας τῆς ἀνατολικῆς πλευρᾶς ὅπου ἡ ἀνάγκη εἶνε μεγαλυτέρα Ὁ δήμαρχος καὶ τὸ δημοτικὸν συμβούλιον ἀπεφάσισαν τὴν ἐκτέλεσιν τοῦ ἔργου ὁ ὁποῖος θὰ συμπληρωθῇ ἐντὸς τοῦ τρέχοντος μηνὸς καὶ ἡ κατάστασις τῶν ὁδῶν τῆς πόλεως θὰ βελτιωθῇ σημαντικῶς ἐν τῷ μεταξὺ οἱ κάτοικοι ἀναμένουν μετὰ ἀνυπομονησίας τὰς ἀποφάσεις τῆς ἐπιτροπῆς καὶ τὴν ἔναρξιν τῶν ἐργασιῶν εἰς τὰς συνοικίας τῆς ἀνατολικῆς πλευρᾶς ὅπου ἡ ἀνάγκη εἶνε μεγαλυτέρα Ὁ δήμαρχος καὶ τὸ δημοτικὸν συμβούλιον ἀπεφάσισαν τὴν ἐκτέλεσιν τοῦ ἔργου ὁ ὁποῖος θὰ συμπληρωθῇ ἐντὸς τοῦ τρέχοντος μηνὸς καὶ ἡ κατάστασις τῶν ὁδῶν τῆς πόλεως θὰ βελτιωθῇ σημαντικῶς ἐν τῷ μεταξὺ οἱ κάτοικοι ἀναμένουν μετὰ ἀνυπομονησίας τὰς ἀποφάσεις τῆς ἐπιτροπῆς καὶ τὴν ἔναρξιν τῶν ἐργασιῶν εἰς τὰς συνοικίας τῆς ἀνατολικῆς πλευρᾶς ὅπου ἡ ἀνάγκη εἶνε μεγαλυτέρα Ὁ δήμαρχος καὶ τὸ δημοτικὸν συμβούλιον ἀπεφάσισαν τὴν ἐκτέλεσιν τοῦ ἔργου ὁ ὁποῖος θὰ συμπληρωθῇ ἐντὸς τοῦ τρέχοντος μηνὸς καὶ ἡ κατάστασις τῶν ὁδῶν τῆς πόλεως θὰ βελτιωθῇ σημαντικῶς ἐν τῷ μεταξὺ οἱ κάτοικοι ἀναμένουν μετὰ ἀνυπομονησίας τὰς ἀποφάσεις τῆς ἐπιτροπῆς καὶ τὴν ἔναρξιν τῶν ἐργασιῶν εἰς τὰς συνοικίας τῆς ἀνατολικῆς πλευρᾶς ὅπου ἡ ἀνάγκη εἶνε μεγαλυτέρα
ΤΖΕΝΑΝ
Ὁ δήμαρχος καὶ τὸ δημοτικὸν συμβούλιον ἀπεφάσισαν τὴν ἐκτέλεσιν τοῦ ἔργου ὁ ὁποῖος θὰ συμπληρωθῇ ἐντὸς τοῦ τρέχοντος μηνὸς καὶ ἡ κατάστασις τῶν ὁδῶν τῆς πόλεως θὰ βελτιωθῇ σημαντικῶς ἐν τῷ μεταξὺ οἱ κάτοικοι ἀναμένουν μετὰ ἀνυπομονησίας τὰς ἀποφάσεις τῆς ἐπιτροπῆς καὶ τὴν ἔναρξιν τῶν ἐργασιῶν εἰς τὰς συνοικίας τῆς ἀνατολικῆς πλευρᾶς ὅπου ἡ ἀνάγκη εἶνε μεγαλυτέρα Ὁ δήμαρχος καὶ τὸ δημοτικὸν συμβούλιον ἀπεφάσισαν τὴν ἐκτέλεσιν τοῦ ἔργου ὁ ὁποῖος θὰ συμπληρωθῇ ἐντὸς τοῦ τρέχοντος μηνὸς καὶ ἡ κατάστασις τῶν ὁδῶν τῆς πόλεως θὰ βελτιωθῇ σημαντικῶς ἐν τῷ μεταξὺ οἱ κάτοικοι ἀναμένουν μετὰ ἀνυπομονησίας τὰς ἀποφάσεις τῆς ἐπιτροπῆς καὶ τὴν ἔναρξιν τῶν ἐργασιῶν εἰς τὰς συνοικίας τῆς ἀνατολικῆς πλευρᾶς ὅπου ἡ ἀνάγκη εἶνε μεγαλυτέρα Ὁ δήμαρχος καὶ τὸ δημοτικὸν συμβούλιον ἀπεφάσισαν τὴν ἐκτέλεσιν τοῦ ἔργου ὁ ὁποῖος θὰ συμπληρωθῇ ἐντὸς τοῦ τρέχοντος μηνὸς καὶ ἡ κατάστασις τῶν ὁδῶν τῆς πόλεως θὰ βελτιωθῇ σημαντικῶς ἐν τῷ μεταξὺ οἱ κάτοικοι ἀναμένουν μετὰ ἀνυπομονησίας τὰς ἀποφάσεις τῆς ἐπιτροπῆς καὶ τὴν ἔναρξιν τῶν ἐργασιῶν εἰς τὰς συνοικίας τῆς ἀνατολικῆς πλευρᾶς ὅπου ἡ ἀνάγκη εἶνε μεγαλυτέρα Ὁ δήμαρχος καὶ τὸ δημοτικὸν συμβούλιον ἀπεφάσισαν τὴν ἐκτέλεσιν τοῦ ἔργου ὁ ὁποῖος θὰ συμπληρωθῇ ἐντὸς τοῦ τρέχοντος μηνὸς καὶ ἡ κατάστασις τῶν ὁδῶν τῆς πόλεως θὰ βελτιωθῇ σημαντικῶς ἐν τῷ μεταξὺ οἱ κάτοικοι ἀναμένουν μετὰ ἀνυπομονησίας τὰς ἀποφάσεις τῆς ἐπιτροπῆς καὶ τὴν ἔναρξιν τῶν ἐργασιῶν εἰς τὰς συνοικίας τῆς ἀνατολικῆς πλευρᾶς ὅπου ἡ ἀνάγκη εἶνε μεγαλυτέρα Ὁ δήμαρχος καὶ τὸ δημοτικὸν συμβούλιον ἀπεφάσισαν τὴν ἐκτέλεσιν τοῦ ἔργου ὁ ὁποῖος θὰ συμπληρωθῇ ἐντὸς τοῦ τρέχοντος μηνὸς καὶ ἡ κατάστασις τῶν ὁδῶν τῆς πόλεως θὰ βελτιωθῇ σημαντικῶς ἐν τῷ μεταξὺ οἱ κάτοικοι ἀναμένουν μετὰ ἀνυπομονησίας τὰς ἀποφάσεις τῆς ἐπιτροπῆς καὶ τὴν ἔναρξιν τῶν ἐργασιῶν εἰς τὰς συνοικίας τῆς ἀνατολικῆς πλευρᾶς ὅπου ἡ ἀνάγκη εἶνε μεγαλυτέρα
Ὁ δήμαρχος καὶ τὸ δημοτικὸν συμβούλιον ἀπεφάσισαν τὴν ἐκτέλεσιν τοῦ ἔργου ὁ ὁποῖος θὰ συμπληρωθῇ ἐντὸς τοῦ τρέχοντος μηνὸς καὶ ἡ κατάστασις τῶν ὁδῶν τῆς πόλεως θὰ βελτιωθῇ σημαντικῶς ἐν τῷ μεταξὺ οἱ κάτοικοι ἀναμένουν μετὰ ἀνυπομονησίας τὰς ἀποφάσεις τῆς ἐπιτροπῆς καὶ τὴν ἔναρξιν τῶν ἐργασιῶν εἰς τὰς συνοικίας τῆς ἀνατολικῆς πλευρᾶς ὅπου ἡ ἀνάγκη εἶνε μεγαλυτέρα Ὁ δήμαρχος καὶ τὸ δημοτικὸν συμβούλιον ἀπεφάσισαν τὴν ἐκτέλεσιν τοῦ ἔργου ὁ ὁποῖος θὰ συμπληρωθῇ ἐντὸς τοῦ τρέχοντος μηνὸς καὶ ἡ κατάστασις τῶν ὁδῶν τῆς πόλεως θὰ βελτιωθῇ σημαντικῶς ἐν τῷ μεταξὺ οἱ κάτοικοι ἀναμένουν μετὰ ἀνυπομονησίας τὰς ἀποφάσεις τῆς ἐπιτροπῆς καὶ τὴν ἔναρξιν τῶν ἐργασιῶν εἰς τὰς συνοικίας τῆς ἀνατολικῆς πλευρᾶς ὅπου ἡ ἀνάγκη εἶνε μεγαλυτέρα Ὁ δήμαρχος καὶ τὸ δημοτικὸν συμβούλιον ἀπεφάσισαν τὴν ἐκτέλεσιν τοῦ ἔργου ὁ ὁποῖος θὰ συμπληρωθῇ ἐντὸς τοῦ τρέχοντος μηνὸς καὶ ἡ κατάστασις τῶν ὁδῶν τῆς πόλεως θὰ βελτιωθῇ σημαντικῶς ἐν τῷ μεταξὺ οἱ κάτοικοι ἀναμένουν μετὰ ἀνυπομονησίας τὰς ἀποφάσεις τῆς ἐπιτροπῆς καὶ τὴν ἔναρξιν τῶν ἐργασιῶν εἰς τὰς συνοικίας τῆς ἀνατολικῆς πλευρᾶς ὅπου ἡ ἀνάγκη εἶνε μεγαλυτέρα Ὁ δήμαρχος καὶ τὸ δημοτικὸν συμβούλιον ἀπεφάσισαν τὴν ἐκτέλεσιν τοῦ ἔργου ὁ ὁποῖος θὰ συμπληρωθῇ ἐντὸς τοῦ τρέχοντος μηνὸς καὶ ἡ κατάστασις τῶν ὁδῶν τῆς πόλεως θὰ βελτιωθῇ σημαντικῶς ἐν τῷ μεταξὺ οἱ κάτοικοι ἀναμένουν μετὰ ἀνυπομονησίας τὰς ἀποφάσεις τῆς ἐπιτροπῆς καὶ τὴν ἔναρξιν τῶν ἐργασιῶν εἰς τὰς συνοικίας τῆς ἀνατολικῆς πλευρᾶς ὅπου ἡ ἀνάγκη εἶνε μεγαλυτέρα Ὁ δήμαρχος καὶ τὸ δημοτικὸν συμβούλιον ἀπεφάσισαν τὴν ἐκτέλεσιν τοῦ ἔργου ὁ ὁποῖος θὰ συμπληρωθῇ ἐντὸς τοῦ τρέχοντος μηνὸς καὶ ἡ κατάστασις τῶν ὁδῶν τῆς πόλεως θὰ βελτιωθῇ σημαντικῶς ἐν τῷ μεταξὺ οἱ κάτοικοι ἀναμένουν μετὰ ἀνυπομονησίας τὰς ἀποφάσεις τῆς ἐπιτροπῆς καὶ τὴν ἔναρξιν τῶν ἐργασιῶν εἰς τὰς συνοικίας τῆς ἀνατολικῆς πλευρᾶς ὅπου ἡ ἀνάγκη εἶνε μεγαλυτέρα
Ὁ δήμαρχος καὶ τὸ δημοτικὸν συμβούλιον ἀπεφάσισαν τὴν ἐκτέλεσιν τοῦ ἔργου ὁ ὁποῖος θὰ συμπληρωθῇ ἐντὸς τοῦ τρέχοντος μηνὸς καὶ ἡ κατάστασις τῶν ὁδῶν τῆς πόλεως θὰ βελτιωθῇ σημαντικῶς ἐν τῷ μεταξὺ οἱ κάτοικοι ἀναμένουν μετὰ ἀνυπομονησίας τὰς ἀποφάσεις τῆς ἐπιτροπῆς καὶ τὴν ἔναρξιν τῶν ἐργασιῶν εἰς τὰς συνοικίας τῆς ἀνατολικῆς πλευρᾶς ὅπου ἡ ἀνάγκη εἶνε μεγαλυτέρα Ὁ δήμαρχος καὶ τὸ δημοτικὸν συμβούλιον ἀπεφάσισαν τὴν ἐκτέλεσιν τοῦ ἔργου ὁ ὁποῖος θὰ συμπληρωθῇ ἐντὸς τοῦ τρέχοντος μηνὸς καὶ ἡ κατάστασις τῶν ὁδῶν τῆς πόλεως θὰ βελτιωθῇ σημαντικῶς ἐν τῷ μεταξὺ οἱ κάτοικοι ἀναμένουν μετὰ ἀνυπομονησίας τὰς ἀποφάσεις τῆς ἐπιτροπῆς καὶ τὴν ἔναρξιν τῶν ἐργασιῶν εἰς τὰς συνοικίας τῆς ἀνατολικῆς πλευρᾶς ὅπου ἡ ἀνάγκη εἶνε μεγαλυτέρα Ὁ δήμαρχος καὶ τὸ δημοτικὸν συμβούλιον ἀπεφάσισαν τὴν ἐκτέλεσιν τοῦ ἔργου ὁ ὁποῖος θὰ συμπληρωθῇ ἐντὸς τοῦ τρέχοντος μηνὸς καὶ ἡ κατάστασις τῶν ὁδῶν τῆς πόλεως θὰ βελτιωθῇ σημαντικῶς ἐν τῷ μεταξὺ οἱ κάτοικοι ἀναμένουν μετὰ ἀνυπομονησίας τὰς ἀποφάσεις τῆς ἐπιτροπῆς καὶ τὴν ἔναρξιν τῶν ἐργασιῶν εἰς τὰς συνοικίας τῆς ἀνατολικῆς πλευρᾶς ὅπου ἡ ἀνάγκη εἶνε μεγαλυτέρα Ὁ δήμαρχος καὶ τὸ δημοτικὸν συμβούλιον ἀπεφάσισαν τὴν ἐκτέλεσιν τοῦ ἔργου ὁ ὁποῖος θὰ συμπληρωθῇ ἐντὸς τοῦ τρέχοντος μηνὸς καὶ ἡ κατάστασις τῶν ὁδῶν τῆς πόλεως θὰ βελτιωθῇ σημαντικῶς ἐν τῷ μεταξὺ οἱ κάτοικοι ἀναμένουν μετὰ ἀνυπομονησίας τὰς ἀποφάσεις τῆς ἐπιτροπῆς καὶ τὴν ἔναρξιν τῶν ἐργασιῶν εἰς τὰς συνοικίας τῆς ἀνατολικῆς πλευρᾶς ὅπου ἡ ἀνάγκη εἶνε μεγαλυτέρα Ὁ δήμαρχος καὶ τὸ δημοτικὸν συμβούλιον ἀπεφάσισαν τὴν ἐκτέλεσιν τοῦ ἔργου ὁ ὁποῖος θὰ συμπληρωθῇ ἐντὸς τοῦ τρέχοντος μηνὸς καὶ ἡ κατάστασις τῶν ὁδῶν τῆς πόλεως θὰ βελτιωθῇ σημαντικῶς ἐν τῷ μεταξὺ οἱ κάτοικοι ἀναμένουν μετὰ ἀνυπομονησίας τὰς ἀποφάσεις τῆς ἐπιτροπῆς καὶ τὴν ἔναρξιν τῶν ἐργασιῶν εἰς τὰς συνοικίας τῆς ἀνατολικῆς πλευρᾶς ὅπου ἡ ἀνάγκη εἶνε μεγαλυτέρα
(Ἀκολουθεῖ)
